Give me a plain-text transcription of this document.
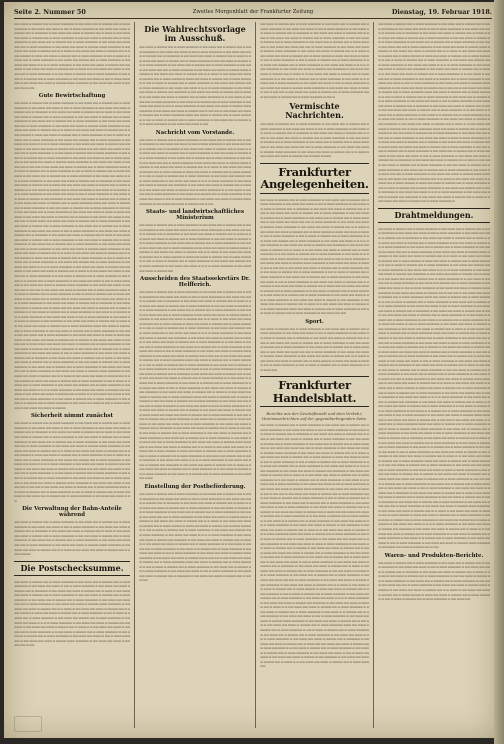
Seite 2. Nummer 50	Zweites Morgenblatt der Frankfurter Zeitung	Dienstag, 19. Februar 1918.
▬▬ ▬▬▬ ▬ ▬▬▬▬ ▬▬ ▬ ▬▬▬ ▬▬▬▬▬ ▬ ▬▬ ▬▬▬ ▬▬ ▬ ▬▬▬▬ ▬▬ ▬ ▬▬▬ ▬▬▬▬▬ ▬ ▬▬ ▬▬▬ ▬▬ ▬▬▬ ▬ ▬▬ ▬ ▬▬▬ ▬▬▬▬▬ ▬ ▬▬ ▬▬▬ ▬▬ ▬▬▬ ▬ ▬▬▬▬ ▬▬ ▬ ▬▬▬▬▬ ▬ ▬▬ ▬▬▬ ▬▬ ▬▬▬ ▬ ▬▬▬▬ ▬▬ ▬ ▬▬▬ ▬ ▬▬ ▬▬▬ ▬▬ ▬▬▬ ▬ ▬▬▬▬ ▬▬ ▬ ▬▬▬ ▬▬▬▬▬ ▬ ▬▬ ▬▬ ▬▬▬ ▬ ▬▬▬▬ ▬▬ ▬ ▬▬▬ ▬▬▬▬▬ ▬ ▬▬ ▬▬▬ ▬▬ ▬ ▬▬▬▬ ▬▬ ▬ ▬▬▬ ▬▬▬▬▬ ▬ ▬▬ ▬▬▬ ▬▬ ▬▬▬ ▬▬ ▬▬ ▬ ▬▬▬ ▬▬▬▬▬ ▬ ▬▬ ▬▬▬ ▬▬ ▬▬▬ ▬ ▬▬▬▬ ▬▬▬ ▬▬▬▬▬ ▬ ▬▬ ▬▬▬ ▬▬ ▬▬▬ ▬ ▬▬▬▬ ▬▬ ▬ ▬ ▬▬▬ ▬ ▬▬ ▬▬▬ ▬▬ ▬▬▬ ▬ ▬▬▬▬ ▬▬ ▬ ▬▬▬ ▬▬▬▬ ▬ ▬▬▬ ▬▬ ▬▬▬ ▬ ▬▬▬▬ ▬▬ ▬ ▬▬▬ ▬▬▬▬▬ ▬ ▬▬ ▬ ▬▬▬ ▬ ▬▬▬▬ ▬▬ ▬ ▬▬▬ ▬▬▬▬▬ ▬ ▬▬ ▬▬▬ ▬▬ ▬▬▬▬ ▬▬ ▬ ▬▬▬ ▬▬▬▬▬ ▬ ▬▬ ▬▬▬ ▬▬ ▬▬▬ ▬ ▬ ▬ ▬ ▬▬▬ ▬▬▬▬▬ ▬ ▬▬ ▬▬▬ ▬▬ ▬▬▬ ▬ ▬▬▬▬ ▬▬ ▬▬▬▬▬ ▬ ▬▬ ▬▬▬ ▬▬ ▬▬▬ ▬ ▬▬▬▬ ▬▬ ▬ ▬▬▬ ▬ ▬ ▬▬ ▬▬▬ ▬▬ ▬▬▬ ▬ ▬▬▬▬ ▬▬ ▬ ▬▬▬ ▬▬▬▬▬ ▬ ▬ ▬▬ ▬▬▬ ▬ ▬▬▬▬ ▬▬ ▬ ▬▬▬ ▬▬▬▬▬ ▬ ▬▬ ▬▬▬ ▬ ▬ ▬▬▬▬ ▬▬ ▬ ▬▬▬ ▬▬▬▬▬ ▬ ▬▬ ▬▬▬ ▬▬ ▬▬▬ ▬ ▬▬ ▬ ▬▬▬ ▬▬▬▬▬ ▬ ▬▬ ▬▬▬ ▬▬ ▬▬▬ ▬ ▬▬▬▬ ▬▬▬ ▬▬▬▬▬ ▬ ▬▬ ▬▬▬ ▬▬ ▬▬▬ ▬ ▬▬▬▬ ▬▬ ▬ ▬▬
Gute Bewirtschaftung
▬▬ ▬▬▬ ▬ ▬▬▬▬ ▬▬ ▬ ▬▬▬ ▬▬▬▬▬ ▬ ▬▬ ▬▬▬ ▬▬ ▬ ▬▬▬▬ ▬▬ ▬ ▬▬▬ ▬▬▬▬▬ ▬ ▬▬ ▬▬▬ ▬▬ ▬▬▬ ▬ ▬▬ ▬ ▬▬▬ ▬▬▬▬▬ ▬ ▬▬ ▬▬▬ ▬▬ ▬▬▬ ▬ ▬▬▬▬ ▬▬ ▬ ▬▬▬▬▬ ▬ ▬▬ ▬▬▬ ▬▬ ▬▬▬ ▬ ▬▬▬▬ ▬▬ ▬ ▬▬▬ ▬ ▬▬ ▬▬▬ ▬▬ ▬▬▬ ▬ ▬▬▬▬ ▬▬ ▬ ▬▬▬ ▬▬▬▬▬ ▬ ▬▬ ▬▬ ▬▬▬ ▬ ▬▬▬▬ ▬▬ ▬ ▬▬▬ ▬▬▬▬▬ ▬ ▬▬ ▬▬▬ ▬▬ ▬ ▬▬▬▬ ▬▬ ▬ ▬▬▬ ▬▬▬▬▬ ▬ ▬▬ ▬▬▬ ▬▬ ▬▬▬ ▬▬ ▬▬ ▬ ▬▬▬ ▬▬▬▬▬ ▬ ▬▬ ▬▬▬ ▬▬ ▬▬▬ ▬ ▬▬▬▬ ▬▬▬ ▬▬▬▬▬ ▬ ▬▬ ▬▬▬ ▬▬ ▬▬▬ ▬ ▬▬▬▬ ▬▬ ▬ ▬ ▬▬▬ ▬ ▬▬ ▬▬▬ ▬▬ ▬▬▬ ▬ ▬▬▬▬ ▬▬ ▬ ▬▬▬ ▬▬▬▬ ▬ ▬▬▬ ▬▬ ▬▬▬ ▬ ▬▬▬▬ ▬▬ ▬ ▬▬▬ ▬▬▬▬▬ ▬ ▬▬ ▬ ▬▬▬ ▬ ▬▬▬▬ ▬▬ ▬ ▬▬▬ ▬▬▬▬▬ ▬ ▬▬ ▬▬▬ ▬▬ ▬▬▬▬ ▬▬ ▬ ▬▬▬ ▬▬▬▬▬ ▬ ▬▬ ▬▬▬ ▬▬ ▬▬▬ ▬ ▬ ▬ ▬ ▬▬▬ ▬▬▬▬▬ ▬ ▬▬ ▬▬▬ ▬▬ ▬▬▬ ▬ ▬▬▬▬ ▬▬ ▬▬▬▬▬ ▬ ▬▬ ▬▬▬ ▬▬ ▬▬▬ ▬ ▬▬▬▬ ▬▬ ▬ ▬▬▬ ▬ ▬ ▬▬ ▬▬▬ ▬▬ ▬▬▬ ▬ ▬▬▬▬ ▬▬ ▬ ▬▬▬ ▬▬▬▬▬ ▬ ▬ ▬▬ ▬▬▬ ▬ ▬▬▬▬ ▬▬ ▬ ▬▬▬ ▬▬▬▬▬ ▬ ▬▬ ▬▬▬ ▬ ▬ ▬▬▬▬ ▬▬ ▬ ▬▬▬ ▬▬▬▬▬ ▬ ▬▬ ▬▬▬ ▬▬ ▬▬▬ ▬ ▬▬ ▬ ▬▬▬ ▬▬▬▬▬ ▬ ▬▬ ▬▬▬ ▬▬ ▬▬▬ ▬ ▬▬▬▬ ▬▬▬ ▬▬▬▬▬ ▬ ▬▬ ▬▬▬ ▬▬ ▬▬▬ ▬ ▬▬▬▬ ▬▬ ▬ ▬▬ ▬▬ ▬ ▬▬ ▬▬▬ ▬▬ ▬▬▬ ▬ ▬▬▬▬ ▬▬ ▬ ▬▬▬ ▬▬▬▬▬ ▬▬▬ ▬▬ ▬▬▬ ▬ ▬▬▬▬ ▬▬ ▬ ▬▬▬ ▬▬▬▬▬ ▬ ▬▬ ▬ ▬▬▬ ▬ ▬▬▬▬ ▬▬ ▬ ▬▬▬ ▬▬▬▬▬ ▬ ▬▬ ▬▬▬ ▬▬ ▬ ▬▬▬▬ ▬▬ ▬ ▬▬▬ ▬▬▬▬▬ ▬ ▬▬ ▬▬▬ ▬▬ ▬▬▬ ▬ ▬▬ ▬ ▬▬▬ ▬▬▬▬▬ ▬ ▬▬ ▬▬▬ ▬▬ ▬▬▬ ▬ ▬▬▬▬ ▬▬ ▬ ▬▬▬▬▬ ▬ ▬▬ ▬▬▬ ▬▬ ▬▬▬ ▬ ▬▬▬▬ ▬▬ ▬ ▬▬▬ ▬▬ ▬▬ ▬▬▬ ▬▬ ▬▬▬ ▬ ▬▬▬▬ ▬▬ ▬ ▬▬▬ ▬▬▬▬▬ ▬ ▬ ▬▬ ▬▬▬ ▬ ▬▬▬▬ ▬▬ ▬ ▬▬▬ ▬▬▬▬▬ ▬ ▬▬ ▬▬▬ ▬ ▬ ▬▬▬▬ ▬▬ ▬ ▬▬▬ ▬▬▬▬▬ ▬ ▬▬ ▬▬▬ ▬▬ ▬▬▬ ▬ ▬▬ ▬ ▬▬▬ ▬▬▬▬▬ ▬ ▬▬ ▬▬▬ ▬▬ ▬▬▬ ▬ ▬▬▬▬ ▬ ▬▬ ▬▬▬▬▬ ▬ ▬▬ ▬▬▬ ▬▬ ▬▬▬ ▬ ▬▬▬▬ ▬▬ ▬ ▬▬▬ ▬ ▬ ▬▬ ▬▬▬ ▬▬ ▬▬▬ ▬ ▬▬▬▬ ▬▬ ▬ ▬▬▬ ▬▬▬▬▬ ▬▬▬ ▬▬ ▬▬▬ ▬ ▬▬▬▬ ▬▬ ▬ ▬▬▬ ▬▬▬▬▬ ▬ ▬▬ ▬▬ ▬▬▬ ▬ ▬▬▬▬ ▬▬ ▬ ▬▬▬ ▬▬▬▬▬ ▬ ▬▬ ▬▬▬ ▬▬ ▬▬ ▬▬▬ ▬▬ ▬ ▬▬▬ ▬▬▬▬▬ ▬ ▬▬ ▬▬▬ ▬▬ ▬▬▬ ▬ ▬▬▬ ▬ ▬▬▬ ▬▬▬▬▬ ▬ ▬▬ ▬▬▬ ▬▬ ▬▬▬ ▬ ▬▬▬▬ ▬▬ ▬ ▬▬▬▬ ▬ ▬▬ ▬▬▬ ▬▬ ▬▬▬ ▬ ▬▬▬▬ ▬▬ ▬ ▬▬▬ ▬▬▬ ▬▬ ▬▬▬ ▬▬ ▬▬▬ ▬ ▬▬▬▬ ▬▬ ▬ ▬▬▬ ▬▬▬▬▬ ▬ ▬▬ ▬▬ ▬▬▬ ▬ ▬▬▬▬ ▬▬ ▬ ▬▬▬ ▬▬▬▬▬ ▬ ▬▬ ▬▬▬ ▬▬ ▬ ▬▬▬▬ ▬▬ ▬ ▬▬▬ ▬▬▬▬▬ ▬ ▬▬ ▬▬▬ ▬▬ ▬▬▬ ▬ ▬▬ ▬ ▬▬▬ ▬▬▬▬▬ ▬ ▬▬ ▬▬▬ ▬▬ ▬▬▬ ▬ ▬▬▬▬ ▬▬ ▬ ▬▬▬▬▬ ▬ ▬▬ ▬▬▬ ▬▬ ▬▬▬ ▬ ▬▬▬▬ ▬▬ ▬ ▬▬▬ ▬ ▬▬ ▬▬▬ ▬▬ ▬▬▬ ▬ ▬▬▬▬ ▬▬ ▬ ▬▬▬ ▬▬▬▬▬ ▬ ▬▬ ▬▬ ▬▬▬ ▬ ▬▬▬▬ ▬▬ ▬ ▬▬▬ ▬▬▬▬▬ ▬ ▬▬ ▬▬▬ ▬▬ ▬ ▬▬▬▬ ▬▬ ▬ ▬▬▬ ▬▬▬▬▬ ▬ ▬▬ ▬▬▬ ▬▬ ▬▬▬ ▬▬ ▬▬ ▬ ▬▬▬ ▬▬▬▬▬ ▬ ▬▬ ▬▬▬ ▬▬ ▬▬▬ ▬ ▬▬▬▬ ▬▬▬ ▬▬▬▬▬ ▬ ▬▬ ▬▬▬ ▬▬ ▬▬▬ ▬ ▬▬▬▬ ▬▬ ▬ ▬ ▬▬▬ ▬ ▬▬ ▬▬▬ ▬▬ ▬▬▬ ▬ ▬▬▬▬ ▬▬ ▬ ▬▬▬ ▬▬▬▬ ▬ ▬▬▬ ▬▬ ▬▬▬ ▬ ▬▬▬▬ ▬▬ ▬ ▬▬▬ ▬▬▬▬▬ ▬ ▬▬ ▬ ▬▬▬ ▬ ▬▬▬▬ ▬▬ ▬ ▬▬▬ ▬▬▬▬▬ ▬ ▬▬ ▬▬▬ ▬▬ ▬▬▬▬ ▬▬ ▬ ▬▬▬ ▬▬▬▬▬ ▬ ▬▬ ▬▬▬ ▬▬ ▬▬▬ ▬ ▬ ▬ ▬ ▬▬▬ ▬▬▬▬▬ ▬ ▬▬ ▬▬▬ ▬▬ ▬▬▬ ▬ ▬▬▬▬ ▬▬ ▬▬▬▬▬ ▬ ▬▬ ▬▬▬ ▬▬ ▬▬▬ ▬ ▬▬▬▬ ▬▬ ▬ ▬▬▬ ▬ ▬ ▬▬ ▬▬▬ ▬▬ ▬▬▬ ▬ ▬▬▬▬ ▬▬ ▬ ▬▬▬ ▬▬▬▬▬ ▬ ▬ ▬▬ ▬▬▬ ▬ ▬▬▬▬ ▬▬ ▬ ▬▬▬ ▬▬▬▬▬ ▬ ▬▬ ▬▬▬ ▬ ▬ ▬▬▬▬ ▬▬ ▬ ▬▬▬ ▬▬▬▬▬ ▬ ▬▬ ▬▬▬ ▬▬ ▬▬▬ ▬ ▬▬ ▬ ▬▬▬ ▬▬▬▬▬ ▬ ▬▬ ▬▬▬ ▬▬ ▬▬▬ ▬ ▬▬▬▬ ▬▬▬ ▬▬▬▬▬ ▬ ▬▬ ▬▬▬ ▬▬ ▬▬▬ ▬ ▬▬▬▬ ▬▬ ▬ ▬▬ ▬▬ ▬ ▬▬ ▬▬▬ ▬▬ ▬▬▬ ▬ ▬▬▬▬ ▬▬ ▬ ▬▬▬ ▬▬▬▬▬ ▬▬▬ ▬▬ ▬▬▬ ▬ ▬▬▬▬ ▬▬ ▬ ▬▬▬ ▬▬▬▬▬ ▬ ▬▬ ▬ ▬▬▬ ▬ ▬▬▬▬ ▬▬ ▬ ▬▬▬ ▬▬▬▬▬ ▬ ▬▬ ▬▬▬ ▬▬ ▬ ▬▬▬▬ ▬▬ ▬ ▬▬▬ ▬▬▬▬▬ ▬ ▬▬ ▬▬▬ ▬▬ ▬▬▬ ▬ ▬▬ ▬ ▬▬▬ ▬▬▬▬▬ ▬ ▬▬ ▬▬▬ ▬▬ ▬▬▬ ▬ ▬▬▬▬ ▬▬ ▬ ▬▬▬▬▬ ▬ ▬▬ ▬▬▬ ▬▬ ▬▬▬ ▬ ▬▬▬▬ ▬▬ ▬ ▬▬▬ ▬▬ ▬▬ ▬▬▬ ▬▬ ▬▬▬ ▬ ▬▬▬▬ ▬▬ ▬ ▬▬▬ ▬▬▬▬▬ ▬ ▬ ▬▬ ▬▬▬ ▬ ▬▬▬▬ ▬▬ ▬ ▬▬▬ ▬▬▬▬▬ ▬ ▬▬ ▬▬▬ ▬ ▬ ▬▬▬▬ ▬▬ ▬ ▬▬▬ ▬▬▬▬▬ ▬ ▬▬ ▬▬▬ ▬▬ ▬▬▬ ▬ ▬▬ ▬ ▬▬▬ ▬▬▬▬▬ ▬ ▬▬ ▬▬▬ ▬▬ ▬▬▬ ▬ ▬▬▬▬ ▬ ▬▬ ▬▬▬▬▬ ▬ ▬▬ ▬▬▬ ▬▬ ▬▬▬ ▬ ▬▬▬▬ ▬▬ ▬ ▬▬▬ ▬ ▬ ▬▬ ▬▬▬ ▬▬ ▬▬▬ ▬ ▬▬▬▬ ▬▬ ▬ ▬▬▬ ▬▬▬▬▬ ▬▬▬ ▬▬ ▬▬▬ ▬ ▬▬▬▬ ▬▬ ▬ ▬▬▬ ▬▬▬▬▬ ▬ ▬▬ ▬▬ ▬▬▬ ▬ ▬▬▬▬ ▬▬ ▬ ▬▬▬ ▬▬▬▬▬ ▬ ▬▬ ▬▬▬ ▬▬ ▬▬ ▬▬▬ ▬▬ ▬ ▬▬▬ ▬▬▬▬▬ ▬ ▬▬ ▬▬▬ ▬▬ ▬▬▬ ▬ ▬▬▬ ▬ ▬▬▬ ▬▬▬▬▬ ▬ ▬▬ ▬▬▬ ▬▬ ▬▬▬ ▬ ▬▬▬▬ ▬▬ ▬ ▬▬▬▬ ▬ ▬▬ ▬▬▬ ▬▬ ▬▬▬ ▬ ▬▬▬▬ ▬▬ ▬ ▬▬▬ ▬▬▬ ▬▬ ▬▬▬ ▬▬ ▬▬▬ ▬ ▬▬▬▬ ▬▬ ▬ ▬▬▬ ▬▬▬▬▬ ▬ ▬▬ ▬▬ ▬▬▬ ▬ ▬▬▬▬ ▬▬ ▬ ▬▬▬ ▬▬▬▬▬ ▬ ▬▬ ▬▬▬ ▬▬ ▬ ▬▬▬▬ ▬▬ ▬ ▬▬▬ ▬▬▬▬▬ ▬ ▬▬ ▬▬▬ ▬▬ ▬▬▬ ▬ ▬▬ ▬ ▬▬▬ ▬▬▬▬▬ ▬ ▬▬ ▬▬▬ ▬▬ ▬▬▬ ▬ ▬▬▬▬ ▬▬ ▬ ▬▬▬▬▬ ▬ ▬▬ ▬▬▬ ▬▬ ▬▬▬ ▬ ▬▬▬▬ ▬▬ ▬ ▬▬▬ ▬ ▬▬ ▬▬▬ ▬▬ ▬▬▬ ▬ ▬▬▬▬ ▬▬ ▬ ▬▬▬ ▬▬▬▬▬ ▬ ▬▬ ▬▬ ▬▬▬ ▬ ▬▬▬▬ ▬▬ ▬ ▬▬▬ ▬▬▬▬▬ ▬ ▬▬ ▬▬▬ ▬▬ ▬ ▬▬▬▬ ▬▬ ▬ ▬▬▬ ▬▬▬▬▬ ▬ ▬▬ ▬▬▬ ▬▬ ▬▬▬ ▬▬ ▬▬ ▬ ▬▬▬ ▬▬▬▬▬ ▬ ▬▬ ▬▬▬ ▬▬ ▬▬▬ ▬ ▬▬▬▬ ▬▬▬ ▬▬▬▬▬ ▬ ▬▬ ▬▬▬ ▬▬ ▬▬▬ ▬ ▬▬▬▬ ▬▬ ▬ ▬ ▬▬▬ ▬ ▬▬ ▬▬▬ ▬▬ ▬▬▬ ▬ ▬▬▬▬ ▬▬ ▬ ▬▬▬ ▬▬▬▬ ▬ ▬▬▬ ▬▬ ▬▬▬ ▬ ▬▬▬▬ ▬▬ ▬ ▬▬▬ ▬▬▬▬▬ ▬ ▬▬ ▬ ▬▬▬ ▬ ▬▬▬▬ ▬▬ ▬ ▬▬▬ ▬▬▬▬▬ ▬ ▬▬ ▬▬▬ ▬▬ ▬▬▬▬ ▬▬ ▬ ▬▬▬ ▬▬▬▬▬ ▬ ▬▬ ▬▬▬ ▬▬ ▬▬▬ ▬ ▬ ▬ ▬ ▬▬▬ ▬▬▬▬▬ ▬ ▬▬ ▬▬▬ ▬▬ ▬▬▬ ▬ ▬▬▬▬ ▬▬ ▬▬▬▬▬ ▬ ▬▬ ▬▬▬ ▬▬ ▬▬▬ ▬ ▬▬▬▬ ▬▬ ▬ ▬▬▬ ▬ ▬ ▬▬ ▬▬▬ ▬▬ ▬▬▬ ▬ ▬▬▬▬ ▬▬ ▬ ▬▬▬ ▬▬▬▬▬ ▬ ▬ ▬▬ ▬▬▬ ▬ ▬▬▬▬ ▬▬ ▬ ▬▬▬ ▬▬▬▬▬ ▬ ▬▬ ▬▬▬ ▬ ▬ ▬▬▬▬ ▬▬ ▬ ▬▬▬ ▬▬▬▬▬ ▬ ▬▬ ▬▬▬ ▬▬ ▬▬▬ ▬ ▬▬ ▬ ▬▬▬ ▬▬▬▬▬ ▬ ▬▬ ▬▬▬ ▬▬ ▬▬▬ ▬ ▬▬▬▬
Sicherheit nimmt zunächst
▬▬ ▬▬▬ ▬ ▬▬▬▬ ▬▬ ▬ ▬▬▬ ▬▬▬▬▬ ▬ ▬▬ ▬▬▬ ▬▬ ▬ ▬▬▬▬ ▬▬ ▬ ▬▬▬ ▬▬▬▬▬ ▬ ▬▬ ▬▬▬ ▬▬ ▬▬▬ ▬ ▬▬ ▬ ▬▬▬ ▬▬▬▬▬ ▬ ▬▬ ▬▬▬ ▬▬ ▬▬▬ ▬ ▬▬▬▬ ▬▬ ▬ ▬▬▬▬▬ ▬ ▬▬ ▬▬▬ ▬▬ ▬▬▬ ▬ ▬▬▬▬ ▬▬ ▬ ▬▬▬ ▬ ▬▬ ▬▬▬ ▬▬ ▬▬▬ ▬ ▬▬▬▬ ▬▬ ▬ ▬▬▬ ▬▬▬▬▬ ▬ ▬▬ ▬▬ ▬▬▬ ▬ ▬▬▬▬ ▬▬ ▬ ▬▬▬ ▬▬▬▬▬ ▬ ▬▬ ▬▬▬ ▬▬ ▬ ▬▬▬▬ ▬▬ ▬ ▬▬▬ ▬▬▬▬▬ ▬ ▬▬ ▬▬▬ ▬▬ ▬▬▬ ▬▬ ▬▬ ▬ ▬▬▬ ▬▬▬▬▬ ▬ ▬▬ ▬▬▬ ▬▬ ▬▬▬ ▬ ▬▬▬▬ ▬▬▬ ▬▬▬▬▬ ▬ ▬▬ ▬▬▬ ▬▬ ▬▬▬ ▬ ▬▬▬▬ ▬▬ ▬ ▬ ▬▬▬ ▬ ▬▬ ▬▬▬ ▬▬ ▬▬▬ ▬ ▬▬▬▬ ▬▬ ▬ ▬▬▬ ▬▬▬▬ ▬ ▬▬▬ ▬▬ ▬▬▬ ▬ ▬▬▬▬ ▬▬ ▬ ▬▬▬ ▬▬▬▬▬ ▬ ▬▬ ▬ ▬▬▬ ▬ ▬▬▬▬ ▬▬ ▬ ▬▬▬ ▬▬▬▬▬ ▬ ▬▬ ▬▬▬ ▬▬ ▬▬▬▬ ▬▬ ▬ ▬▬▬ ▬▬▬▬▬ ▬ ▬▬ ▬▬▬ ▬▬ ▬▬▬ ▬ ▬ ▬ ▬ ▬▬▬ ▬▬▬▬▬ ▬ ▬▬ ▬▬▬ ▬▬ ▬▬▬ ▬ ▬▬▬▬ ▬▬ ▬▬▬▬▬ ▬ ▬▬ ▬▬▬ ▬▬ ▬▬▬ ▬ ▬▬▬▬ ▬▬ ▬ ▬▬▬ ▬ ▬ ▬▬ ▬▬▬ ▬▬ ▬▬▬ ▬ ▬▬▬▬ ▬▬ ▬ ▬▬▬ ▬▬▬▬▬ ▬ ▬ ▬▬ ▬▬▬ ▬ ▬▬▬▬ ▬▬ ▬ ▬▬▬ ▬▬▬▬▬ ▬ ▬▬ ▬▬▬ ▬ ▬ ▬▬▬▬ ▬▬ ▬ ▬▬▬ ▬▬▬▬▬ ▬ ▬▬ ▬▬▬ ▬▬ ▬▬▬ ▬ ▬▬ ▬ ▬▬▬ ▬▬▬▬▬ ▬ ▬▬ ▬▬▬ ▬▬ ▬▬▬ ▬ ▬▬▬▬ ▬▬▬ ▬▬▬▬▬ ▬ ▬▬ ▬▬▬ ▬▬ ▬▬▬ ▬ ▬▬▬▬ ▬▬ ▬ ▬▬ ▬▬ ▬ ▬▬ ▬▬▬ ▬▬ ▬▬▬ ▬ ▬▬▬▬ ▬▬ ▬ ▬▬▬ ▬▬▬▬▬ ▬▬▬ ▬▬ ▬▬▬ ▬ ▬▬▬▬ ▬▬ ▬ ▬▬▬ ▬▬▬▬▬ ▬ ▬▬ ▬ ▬▬▬ ▬ ▬▬▬▬ ▬▬ ▬ ▬▬▬ ▬▬▬▬▬ ▬ ▬▬ ▬▬▬ ▬▬ ▬ ▬▬▬▬ ▬▬ ▬ ▬▬▬ ▬▬▬▬▬ ▬ ▬▬ ▬▬▬ ▬▬ ▬▬▬ ▬ ▬▬
Die Verwaltung der Bahn-Anteile während
▬▬ ▬▬▬ ▬ ▬▬▬▬ ▬▬ ▬ ▬▬▬ ▬▬▬▬▬ ▬ ▬▬ ▬▬▬ ▬▬ ▬ ▬▬▬▬ ▬▬ ▬ ▬▬▬ ▬▬▬▬▬ ▬ ▬▬ ▬▬▬ ▬▬ ▬▬▬ ▬ ▬▬ ▬ ▬▬▬ ▬▬▬▬▬ ▬ ▬▬ ▬▬▬ ▬▬ ▬▬▬ ▬ ▬▬▬▬ ▬▬ ▬ ▬▬▬▬▬ ▬ ▬▬ ▬▬▬ ▬▬ ▬▬▬ ▬ ▬▬▬▬ ▬▬ ▬ ▬▬▬ ▬ ▬▬ ▬▬▬ ▬▬ ▬▬▬ ▬ ▬▬▬▬ ▬▬ ▬ ▬▬▬ ▬▬▬▬▬ ▬ ▬▬ ▬▬ ▬▬▬ ▬ ▬▬▬▬ ▬▬ ▬ ▬▬▬ ▬▬▬▬▬ ▬ ▬▬ ▬▬▬ ▬▬ ▬ ▬▬▬▬ ▬▬ ▬ ▬▬▬ ▬▬▬▬▬ ▬ ▬▬ ▬▬▬ ▬▬ ▬▬▬ ▬▬ ▬▬ ▬ ▬▬▬ ▬▬▬▬▬ ▬ ▬▬ ▬▬▬ ▬▬ ▬▬▬ ▬ ▬▬▬▬ ▬▬▬ ▬▬▬▬▬ ▬ ▬▬ ▬▬▬ ▬▬ ▬▬▬ ▬ ▬▬▬▬ ▬▬ ▬ ▬ ▬▬▬ ▬ ▬▬ ▬▬▬ ▬▬ ▬▬▬ ▬ ▬▬▬▬ ▬▬ ▬ ▬▬▬ ▬▬▬▬
Die Postschecksumme.
▬▬ ▬▬▬ ▬ ▬▬▬▬ ▬▬ ▬ ▬▬▬ ▬▬▬▬▬ ▬ ▬▬ ▬▬▬ ▬▬ ▬ ▬▬▬▬ ▬▬ ▬ ▬▬▬ ▬▬▬▬▬ ▬ ▬▬ ▬▬▬ ▬▬ ▬▬▬ ▬ ▬▬ ▬ ▬▬▬ ▬▬▬▬▬ ▬ ▬▬ ▬▬▬ ▬▬ ▬▬▬ ▬ ▬▬▬▬ ▬▬ ▬ ▬▬▬▬▬ ▬ ▬▬ ▬▬▬ ▬▬ ▬▬▬ ▬ ▬▬▬▬ ▬▬ ▬ ▬▬▬ ▬ ▬▬ ▬▬▬ ▬▬ ▬▬▬ ▬ ▬▬▬▬ ▬▬ ▬ ▬▬▬ ▬▬▬▬▬ ▬ ▬▬ ▬▬ ▬▬▬ ▬ ▬▬▬▬ ▬▬ ▬ ▬▬▬ ▬▬▬▬▬ ▬ ▬▬ ▬▬▬ ▬▬ ▬ ▬▬▬▬ ▬▬ ▬ ▬▬▬ ▬▬▬▬▬ ▬ ▬▬ ▬▬▬ ▬▬ ▬▬▬ ▬▬ ▬▬ ▬ ▬▬▬ ▬▬▬▬▬ ▬ ▬▬ ▬▬▬ ▬▬ ▬▬▬ ▬ ▬▬▬▬ ▬▬▬ ▬▬▬▬▬ ▬ ▬▬ ▬▬▬ ▬▬ ▬▬▬ ▬ ▬▬▬▬ ▬▬ ▬ ▬ ▬▬▬ ▬ ▬▬ ▬▬▬ ▬▬ ▬▬▬ ▬ ▬▬▬▬ ▬▬ ▬ ▬▬▬ ▬▬▬▬ ▬ ▬▬▬ ▬▬ ▬▬▬ ▬ ▬▬▬▬ ▬▬ ▬ ▬▬▬ ▬▬▬▬▬ ▬ ▬▬ ▬ ▬▬▬ ▬ ▬▬▬▬ ▬▬ ▬ ▬▬▬ ▬▬▬▬▬ ▬ ▬▬ ▬▬▬ ▬▬ ▬▬▬▬ ▬▬ ▬ ▬▬▬ ▬▬▬▬▬ ▬ ▬▬ ▬▬▬ ▬▬ ▬▬▬ ▬ ▬ ▬ ▬ ▬▬▬ ▬▬▬▬▬ ▬ ▬▬ ▬▬▬ ▬▬ ▬▬▬ ▬ ▬▬▬▬ ▬▬ ▬▬▬▬▬ ▬ ▬▬ ▬▬▬ ▬▬ ▬▬▬ ▬ ▬▬▬▬ ▬▬ ▬ ▬▬▬ ▬ ▬ ▬▬ ▬▬▬ ▬▬ ▬▬▬ ▬ ▬▬▬▬ ▬▬ ▬ ▬▬▬ ▬▬▬▬▬ ▬ ▬ ▬▬ ▬▬▬ ▬ ▬▬▬▬ ▬▬ ▬ ▬▬▬ ▬▬▬▬▬ ▬ ▬▬ ▬▬▬ ▬ ▬ ▬▬▬▬ ▬▬ ▬ ▬▬▬ ▬▬▬▬▬ ▬ ▬▬ ▬▬▬ ▬▬ ▬▬▬ ▬ ▬▬ ▬ ▬▬▬ ▬▬▬▬▬ ▬ ▬▬ ▬▬▬ ▬▬ ▬▬▬ ▬ ▬▬▬▬ ▬▬▬ ▬▬▬▬▬ ▬ ▬▬ ▬▬▬ ▬▬ ▬▬▬ ▬ ▬▬▬▬ ▬▬ ▬ ▬▬
Die Wahlrechtsvorlage im Ausschuß.
▬▬ ▬▬▬ ▬ ▬▬▬▬ ▬▬ ▬ ▬▬▬ ▬▬▬▬▬ ▬ ▬▬ ▬▬▬ ▬▬ ▬ ▬▬▬▬ ▬▬ ▬ ▬▬▬ ▬▬▬▬▬ ▬ ▬▬ ▬▬▬ ▬▬ ▬▬▬ ▬ ▬▬ ▬ ▬▬▬ ▬▬▬▬▬ ▬ ▬▬ ▬▬▬ ▬▬ ▬▬▬ ▬ ▬▬▬▬ ▬▬ ▬ ▬▬▬▬▬ ▬ ▬▬ ▬▬▬ ▬▬ ▬▬▬ ▬ ▬▬▬▬ ▬▬ ▬ ▬▬▬ ▬ ▬▬ ▬▬▬ ▬▬ ▬▬▬ ▬ ▬▬▬▬ ▬▬ ▬ ▬▬▬ ▬▬▬▬▬ ▬ ▬▬ ▬▬ ▬▬▬ ▬ ▬▬▬▬ ▬▬ ▬ ▬▬▬ ▬▬▬▬▬ ▬ ▬▬ ▬▬▬ ▬▬ ▬ ▬▬▬▬ ▬▬ ▬ ▬▬▬ ▬▬▬▬▬ ▬ ▬▬ ▬▬▬ ▬▬ ▬▬▬ ▬▬ ▬▬ ▬ ▬▬▬ ▬▬▬▬▬ ▬ ▬▬ ▬▬▬ ▬▬ ▬▬▬ ▬ ▬▬▬▬ ▬▬▬ ▬▬▬▬▬ ▬ ▬▬ ▬▬▬ ▬▬ ▬▬▬ ▬ ▬▬▬▬ ▬▬ ▬ ▬ ▬▬▬ ▬ ▬▬ ▬▬▬ ▬▬ ▬▬▬ ▬ ▬▬▬▬ ▬▬ ▬ ▬▬▬ ▬▬▬▬ ▬ ▬▬▬ ▬▬ ▬▬▬ ▬ ▬▬▬▬ ▬▬ ▬ ▬▬▬ ▬▬▬▬▬ ▬ ▬▬ ▬ ▬▬▬ ▬ ▬▬▬▬ ▬▬ ▬ ▬▬▬ ▬▬▬▬▬ ▬ ▬▬ ▬▬▬ ▬▬ ▬▬▬▬ ▬▬ ▬ ▬▬▬ ▬▬▬▬▬ ▬ ▬▬ ▬▬▬ ▬▬ ▬▬▬ ▬ ▬ ▬ ▬ ▬▬▬ ▬▬▬▬▬ ▬ ▬▬ ▬▬▬ ▬▬ ▬▬▬ ▬ ▬▬▬▬ ▬▬ ▬▬▬▬▬ ▬ ▬▬ ▬▬▬ ▬▬ ▬▬▬ ▬ ▬▬▬▬ ▬▬ ▬ ▬▬▬ ▬ ▬ ▬▬ ▬▬▬ ▬▬ ▬▬▬ ▬ ▬▬▬▬ ▬▬ ▬ ▬▬▬ ▬▬▬▬▬ ▬ ▬ ▬▬ ▬▬▬ ▬ ▬▬▬▬ ▬▬ ▬ ▬▬▬ ▬▬▬▬▬ ▬ ▬▬ ▬▬▬ ▬ ▬ ▬▬▬▬ ▬▬ ▬ ▬▬▬ ▬▬▬▬▬ ▬ ▬▬ ▬▬▬ ▬▬ ▬▬▬ ▬ ▬▬ ▬ ▬▬▬ ▬▬▬▬▬ ▬ ▬▬ ▬▬▬ ▬▬ ▬▬▬ ▬ ▬▬▬▬ ▬▬▬ ▬▬▬▬▬ ▬ ▬▬ ▬▬▬ ▬▬ ▬▬▬ ▬ ▬▬▬▬ ▬▬ ▬ ▬▬ ▬▬ ▬ ▬▬ ▬▬▬ ▬▬ ▬▬▬ ▬ ▬▬▬▬ ▬▬ ▬ ▬▬▬ ▬▬▬▬▬ ▬▬▬ ▬▬ ▬▬▬ ▬ ▬▬▬▬ ▬▬ ▬ ▬▬▬ ▬▬▬▬▬ ▬ ▬▬ ▬ ▬▬▬ ▬ ▬▬▬▬ ▬▬ ▬ ▬▬▬ ▬▬▬▬▬ ▬ ▬▬ ▬▬▬ ▬▬ ▬ ▬▬▬▬ ▬▬ ▬ ▬▬▬ ▬▬▬▬▬ ▬ ▬▬ ▬▬▬ ▬▬ ▬▬▬ ▬ ▬▬
Nachricht vom Vorstande.
▬▬ ▬▬▬ ▬ ▬▬▬▬ ▬▬ ▬ ▬▬▬ ▬▬▬▬▬ ▬ ▬▬ ▬▬▬ ▬▬ ▬ ▬▬▬▬ ▬▬ ▬ ▬▬▬ ▬▬▬▬▬ ▬ ▬▬ ▬▬▬ ▬▬ ▬▬▬ ▬ ▬▬ ▬ ▬▬▬ ▬▬▬▬▬ ▬ ▬▬ ▬▬▬ ▬▬ ▬▬▬ ▬ ▬▬▬▬ ▬▬ ▬ ▬▬▬▬▬ ▬ ▬▬ ▬▬▬ ▬▬ ▬▬▬ ▬ ▬▬▬▬ ▬▬ ▬ ▬▬▬ ▬ ▬▬ ▬▬▬ ▬▬ ▬▬▬ ▬ ▬▬▬▬ ▬▬ ▬ ▬▬▬ ▬▬▬▬▬ ▬ ▬▬ ▬▬ ▬▬▬ ▬ ▬▬▬▬ ▬▬ ▬ ▬▬▬ ▬▬▬▬▬ ▬ ▬▬ ▬▬▬ ▬▬ ▬ ▬▬▬▬ ▬▬ ▬ ▬▬▬ ▬▬▬▬▬ ▬ ▬▬ ▬▬▬ ▬▬ ▬▬▬ ▬▬ ▬▬ ▬ ▬▬▬ ▬▬▬▬▬ ▬ ▬▬ ▬▬▬ ▬▬ ▬▬▬ ▬ ▬▬▬▬ ▬▬▬ ▬▬▬▬▬ ▬ ▬▬ ▬▬▬ ▬▬ ▬▬▬ ▬ ▬▬▬▬ ▬▬ ▬ ▬ ▬▬▬ ▬ ▬▬ ▬▬▬ ▬▬ ▬▬▬ ▬ ▬▬▬▬ ▬▬ ▬ ▬▬▬ ▬▬▬▬ ▬ ▬▬▬ ▬▬ ▬▬▬ ▬ ▬▬▬▬ ▬▬ ▬ ▬▬▬ ▬▬▬▬▬ ▬ ▬▬ ▬ ▬▬▬ ▬ ▬▬▬▬ ▬▬ ▬ ▬▬▬ ▬▬▬▬▬ ▬ ▬▬ ▬▬▬ ▬▬ ▬▬▬▬ ▬▬ ▬ ▬▬▬ ▬▬▬▬▬ ▬ ▬▬ ▬▬▬ ▬▬ ▬▬▬ ▬ ▬ ▬ ▬ ▬▬▬ ▬▬▬▬▬ ▬ ▬▬ ▬▬▬ ▬▬ ▬▬▬ ▬ ▬▬▬▬ ▬▬ ▬▬▬▬▬ ▬ ▬▬ ▬▬▬ ▬▬ ▬▬▬ ▬ ▬▬▬▬ ▬▬ ▬ ▬▬▬ ▬ ▬ ▬▬ ▬▬▬ ▬▬ ▬▬▬ ▬ ▬▬▬▬ ▬▬ ▬ ▬▬▬ ▬▬▬▬▬ ▬ ▬ ▬▬ ▬▬▬ ▬ ▬▬▬▬ ▬▬ ▬ ▬▬▬ ▬▬▬▬▬ ▬ ▬▬ ▬▬▬ ▬ ▬ ▬▬▬▬ ▬▬ ▬ ▬▬▬ ▬▬▬▬▬ ▬ ▬▬ ▬▬▬ ▬▬ ▬▬▬ ▬ ▬▬ ▬ ▬▬▬ ▬▬▬▬▬ ▬ ▬▬ ▬▬▬ ▬▬ ▬▬▬ ▬ ▬▬▬▬ ▬▬▬ ▬▬▬▬▬ ▬ ▬▬ ▬▬▬ ▬▬ ▬▬▬ ▬ ▬▬▬▬ ▬▬ ▬ ▬▬
Staats- und landwirtschaftliches Ministerium
▬▬ ▬▬▬ ▬ ▬▬▬▬ ▬▬ ▬ ▬▬▬ ▬▬▬▬▬ ▬ ▬▬ ▬▬▬ ▬▬ ▬ ▬▬▬▬ ▬▬ ▬ ▬▬▬ ▬▬▬▬▬ ▬ ▬▬ ▬▬▬ ▬▬ ▬▬▬ ▬ ▬▬ ▬ ▬▬▬ ▬▬▬▬▬ ▬ ▬▬ ▬▬▬ ▬▬ ▬▬▬ ▬ ▬▬▬▬ ▬▬ ▬ ▬▬▬▬▬ ▬ ▬▬ ▬▬▬ ▬▬ ▬▬▬ ▬ ▬▬▬▬ ▬▬ ▬ ▬▬▬ ▬ ▬▬ ▬▬▬ ▬▬ ▬▬▬ ▬ ▬▬▬▬ ▬▬ ▬ ▬▬▬ ▬▬▬▬▬ ▬ ▬▬ ▬▬ ▬▬▬ ▬ ▬▬▬▬ ▬▬ ▬ ▬▬▬ ▬▬▬▬▬ ▬ ▬▬ ▬▬▬ ▬▬ ▬ ▬▬▬▬ ▬▬ ▬ ▬▬▬ ▬▬▬▬▬ ▬ ▬▬ ▬▬▬ ▬▬ ▬▬▬ ▬▬ ▬▬ ▬ ▬▬▬ ▬▬▬▬▬ ▬ ▬▬ ▬▬▬ ▬▬ ▬▬▬ ▬ ▬▬▬▬ ▬▬▬ ▬▬▬▬▬ ▬ ▬▬ ▬▬▬ ▬▬ ▬▬▬ ▬ ▬▬▬▬ ▬▬ ▬ ▬ ▬▬▬ ▬ ▬▬ ▬▬▬ ▬▬ ▬▬▬ ▬ ▬▬▬▬ ▬▬ ▬ ▬▬▬ ▬▬▬▬ ▬ ▬▬▬ ▬▬ ▬▬▬ ▬ ▬▬▬▬ ▬▬ ▬ ▬▬▬ ▬▬▬▬▬ ▬ ▬▬ ▬ ▬▬▬ ▬ ▬▬▬▬ ▬▬ ▬ ▬▬▬ ▬▬▬▬▬ ▬ ▬▬ ▬▬▬ ▬▬ ▬▬▬▬ ▬▬ ▬ ▬▬▬ ▬▬▬▬▬ ▬ ▬▬ ▬▬▬ ▬▬ ▬▬▬ ▬ ▬ ▬ ▬ ▬▬▬ ▬▬▬▬▬ ▬ ▬▬ ▬▬▬ ▬▬ ▬▬▬ ▬ ▬▬▬▬ ▬▬
Ausscheiden des Staatssekretärs Dr. Helfferich.
▬▬ ▬▬▬ ▬ ▬▬▬▬ ▬▬ ▬ ▬▬▬ ▬▬▬▬▬ ▬ ▬▬ ▬▬▬ ▬▬ ▬ ▬▬▬▬ ▬▬ ▬ ▬▬▬ ▬▬▬▬▬ ▬ ▬▬ ▬▬▬ ▬▬ ▬▬▬ ▬ ▬▬ ▬ ▬▬▬ ▬▬▬▬▬ ▬ ▬▬ ▬▬▬ ▬▬ ▬▬▬ ▬ ▬▬▬▬ ▬▬ ▬ ▬▬▬▬▬ ▬ ▬▬ ▬▬▬ ▬▬ ▬▬▬ ▬ ▬▬▬▬ ▬▬ ▬ ▬▬▬ ▬ ▬▬ ▬▬▬ ▬▬ ▬▬▬ ▬ ▬▬▬▬ ▬▬ ▬ ▬▬▬ ▬▬▬▬▬ ▬ ▬▬ ▬▬ ▬▬▬ ▬ ▬▬▬▬ ▬▬ ▬ ▬▬▬ ▬▬▬▬▬ ▬ ▬▬ ▬▬▬ ▬▬ ▬ ▬▬▬▬ ▬▬ ▬ ▬▬▬ ▬▬▬▬▬ ▬ ▬▬ ▬▬▬ ▬▬ ▬▬▬ ▬▬ ▬▬ ▬ ▬▬▬ ▬▬▬▬▬ ▬ ▬▬ ▬▬▬ ▬▬ ▬▬▬ ▬ ▬▬▬▬ ▬▬▬ ▬▬▬▬▬ ▬ ▬▬ ▬▬▬ ▬▬ ▬▬▬ ▬ ▬▬▬▬ ▬▬ ▬ ▬ ▬▬▬ ▬ ▬▬ ▬▬▬ ▬▬ ▬▬▬ ▬ ▬▬▬▬ ▬▬ ▬ ▬▬▬ ▬▬▬▬ ▬ ▬▬▬ ▬▬ ▬▬▬ ▬ ▬▬▬▬ ▬▬ ▬ ▬▬▬ ▬▬▬▬▬ ▬ ▬▬ ▬ ▬▬▬ ▬ ▬▬▬▬ ▬▬ ▬ ▬▬▬ ▬▬▬▬▬ ▬ ▬▬ ▬▬▬ ▬▬ ▬▬▬▬ ▬▬ ▬ ▬▬▬ ▬▬▬▬▬ ▬ ▬▬ ▬▬▬ ▬▬ ▬▬▬ ▬ ▬ ▬ ▬ ▬▬▬ ▬▬▬▬▬ ▬ ▬▬ ▬▬▬ ▬▬ ▬▬▬ ▬ ▬▬▬▬ ▬▬ ▬▬▬▬▬ ▬ ▬▬ ▬▬▬ ▬▬ ▬▬▬ ▬ ▬▬▬▬ ▬▬ ▬ ▬▬▬ ▬ ▬ ▬▬ ▬▬▬ ▬▬ ▬▬▬ ▬ ▬▬▬▬ ▬▬ ▬ ▬▬▬ ▬▬▬▬▬ ▬ ▬ ▬▬ ▬▬▬ ▬ ▬▬▬▬ ▬▬ ▬ ▬▬▬ ▬▬▬▬▬ ▬ ▬▬ ▬▬▬ ▬ ▬ ▬▬▬▬ ▬▬ ▬ ▬▬▬ ▬▬▬▬▬ ▬ ▬▬ ▬▬▬ ▬▬ ▬▬▬ ▬ ▬▬ ▬ ▬▬▬ ▬▬▬▬▬ ▬ ▬▬ ▬▬▬ ▬▬ ▬▬▬ ▬ ▬▬▬▬ ▬▬▬ ▬▬▬▬▬ ▬ ▬▬ ▬▬▬ ▬▬ ▬▬▬ ▬ ▬▬▬▬ ▬▬ ▬ ▬▬ ▬▬ ▬ ▬▬ ▬▬▬ ▬▬ ▬▬▬ ▬ ▬▬▬▬ ▬▬ ▬ ▬▬▬ ▬▬▬▬▬ ▬▬▬ ▬▬ ▬▬▬ ▬ ▬▬▬▬ ▬▬ ▬ ▬▬▬ ▬▬▬▬▬ ▬ ▬▬ ▬ ▬▬▬ ▬ ▬▬▬▬ ▬▬ ▬ ▬▬▬ ▬▬▬▬▬ ▬ ▬▬ ▬▬▬ ▬▬ ▬ ▬▬▬▬ ▬▬ ▬ ▬▬▬ ▬▬▬▬▬ ▬ ▬▬ ▬▬▬ ▬▬ ▬▬▬ ▬ ▬▬ ▬ ▬▬▬ ▬▬▬▬▬ ▬ ▬▬ ▬▬▬ ▬▬ ▬▬▬ ▬ ▬▬▬▬ ▬▬ ▬ ▬▬▬▬▬ ▬ ▬▬ ▬▬▬ ▬▬ ▬▬▬ ▬ ▬▬▬▬ ▬▬ ▬ ▬▬▬ ▬▬ ▬▬ ▬▬▬ ▬▬ ▬▬▬ ▬ ▬▬▬▬ ▬▬ ▬ ▬▬▬ ▬▬▬▬▬ ▬ ▬ ▬▬ ▬▬▬ ▬ ▬▬▬▬ ▬▬ ▬ ▬▬▬ ▬▬▬▬▬ ▬ ▬▬ ▬▬▬ ▬ ▬ ▬▬▬▬ ▬▬ ▬ ▬▬▬ ▬▬▬▬▬ ▬ ▬▬ ▬▬▬ ▬▬ ▬▬▬ ▬ ▬▬ ▬ ▬▬▬ ▬▬▬▬▬ ▬ ▬▬ ▬▬▬ ▬▬ ▬▬▬ ▬ ▬▬▬▬ ▬ ▬▬ ▬▬▬▬▬ ▬ ▬▬ ▬▬▬ ▬▬ ▬▬▬ ▬ ▬▬▬▬ ▬▬ ▬ ▬▬▬ ▬ ▬ ▬▬ ▬▬▬ ▬▬ ▬▬▬ ▬ ▬▬▬▬ ▬▬ ▬ ▬▬▬ ▬▬▬▬▬ ▬▬▬ ▬▬ ▬▬▬ ▬ ▬▬▬▬ ▬▬ ▬ ▬▬▬ ▬▬▬▬▬ ▬ ▬▬ ▬▬ ▬▬▬ ▬ ▬▬▬▬ ▬▬ ▬ ▬▬▬ ▬▬▬▬▬ ▬ ▬▬ ▬▬▬ ▬▬ ▬▬ ▬▬▬ ▬▬ ▬ ▬▬▬ ▬▬▬▬▬ ▬ ▬▬ ▬▬▬ ▬▬ ▬▬▬ ▬ ▬▬▬ ▬ ▬▬▬ ▬▬▬▬▬ ▬ ▬▬ ▬▬▬ ▬▬ ▬▬▬ ▬ ▬▬▬▬ ▬▬ ▬ ▬▬▬▬ ▬ ▬▬ ▬▬▬ ▬▬ ▬▬▬ ▬ ▬▬▬▬ ▬▬ ▬ ▬▬▬ ▬▬▬ ▬▬ ▬▬▬ ▬▬ ▬▬▬ ▬ ▬▬▬▬ ▬▬ ▬ ▬▬▬ ▬▬▬▬▬ ▬ ▬▬ ▬▬ ▬▬▬ ▬ ▬▬▬▬ ▬▬ ▬ ▬▬▬ ▬▬▬▬▬ ▬ ▬▬ ▬▬▬ ▬▬ ▬ ▬▬▬▬ ▬▬ ▬ ▬▬▬ ▬▬▬▬▬ ▬ ▬▬ ▬▬▬ ▬▬ ▬▬▬ ▬ ▬▬ ▬ ▬▬▬ ▬▬▬▬▬ ▬ ▬▬ ▬▬▬ ▬▬ ▬▬▬ ▬ ▬▬▬▬ ▬▬ ▬ ▬▬▬▬▬ ▬ ▬▬ ▬▬▬ ▬▬ ▬▬▬ ▬ ▬▬▬▬ ▬▬ ▬ ▬▬▬ ▬ ▬▬ ▬▬▬ ▬▬ ▬▬▬ ▬ ▬▬▬▬ ▬▬ ▬ ▬▬▬ ▬▬▬▬▬ ▬ ▬▬ ▬▬ ▬▬▬ ▬ ▬▬▬▬ ▬▬ ▬ ▬▬▬ ▬▬▬▬▬ ▬ ▬▬ ▬▬▬ ▬▬ ▬ ▬▬▬▬ ▬▬ ▬ ▬▬▬ ▬▬▬▬▬ ▬ ▬▬ ▬▬▬ ▬▬ ▬▬▬ ▬▬ ▬▬ ▬ ▬▬▬ ▬▬▬▬▬ ▬ ▬▬ ▬▬▬ ▬▬ ▬▬▬ ▬ ▬▬▬▬ ▬▬▬ ▬▬▬▬▬ ▬ ▬▬ ▬▬▬ ▬▬ ▬▬▬ ▬ ▬▬▬▬ ▬▬ ▬ ▬ ▬▬▬ ▬ ▬▬ ▬▬▬ ▬▬ ▬▬▬ ▬ ▬▬▬▬ ▬▬ ▬ ▬▬▬ ▬▬▬▬ ▬ ▬▬▬ ▬▬ ▬▬▬ ▬ ▬▬▬▬ ▬▬ ▬ ▬▬▬ ▬▬▬▬▬ ▬ ▬▬ ▬ ▬▬▬ ▬ ▬▬▬▬ ▬▬ ▬ ▬▬▬ ▬▬▬▬▬ ▬ ▬▬ ▬▬▬ ▬▬ ▬▬▬▬ ▬▬ ▬ ▬▬▬ ▬▬▬▬▬ ▬ ▬▬ ▬▬▬ ▬▬ ▬▬▬ ▬ ▬ ▬ ▬ ▬▬▬ ▬▬▬▬▬ ▬ ▬▬ ▬▬▬ ▬▬ ▬▬▬ ▬ ▬▬▬▬ ▬▬ ▬▬▬▬▬ ▬ ▬▬ ▬▬▬ ▬▬ ▬▬▬ ▬ ▬▬▬▬ ▬▬ ▬ ▬▬▬ ▬ ▬ ▬▬ ▬▬▬ ▬▬ ▬▬▬ ▬ ▬▬▬▬ ▬▬ ▬ ▬▬▬ ▬▬▬▬▬ ▬ ▬ ▬▬ ▬▬▬ ▬ ▬▬▬▬ ▬▬ ▬ ▬▬▬ ▬▬▬▬▬ ▬ ▬▬ ▬▬▬ ▬ ▬ ▬▬▬▬ ▬▬ ▬ ▬▬▬ ▬▬▬▬▬ ▬ ▬▬ ▬▬▬ ▬▬ ▬▬▬
Einstellung der Postbeförderung.
▬▬ ▬▬▬ ▬ ▬▬▬▬ ▬▬ ▬ ▬▬▬ ▬▬▬▬▬ ▬ ▬▬ ▬▬▬ ▬▬ ▬ ▬▬▬▬ ▬▬ ▬ ▬▬▬ ▬▬▬▬▬ ▬ ▬▬ ▬▬▬ ▬▬ ▬▬▬ ▬ ▬▬ ▬ ▬▬▬ ▬▬▬▬▬ ▬ ▬▬ ▬▬▬ ▬▬ ▬▬▬ ▬ ▬▬▬▬ ▬▬ ▬ ▬▬▬▬▬ ▬ ▬▬ ▬▬▬ ▬▬ ▬▬▬ ▬ ▬▬▬▬ ▬▬ ▬ ▬▬▬ ▬ ▬▬ ▬▬▬ ▬▬ ▬▬▬ ▬ ▬▬▬▬ ▬▬ ▬ ▬▬▬ ▬▬▬▬▬ ▬ ▬▬ ▬▬ ▬▬▬ ▬ ▬▬▬▬ ▬▬ ▬ ▬▬▬ ▬▬▬▬▬ ▬ ▬▬ ▬▬▬ ▬▬ ▬ ▬▬▬▬ ▬▬ ▬ ▬▬▬ ▬▬▬▬▬ ▬ ▬▬ ▬▬▬ ▬▬ ▬▬▬ ▬▬ ▬▬ ▬ ▬▬▬ ▬▬▬▬▬ ▬ ▬▬ ▬▬▬ ▬▬ ▬▬▬ ▬ ▬▬▬▬ ▬▬▬ ▬▬▬▬▬ ▬ ▬▬ ▬▬▬ ▬▬ ▬▬▬ ▬ ▬▬▬▬ ▬▬ ▬ ▬ ▬▬▬ ▬ ▬▬ ▬▬▬ ▬▬ ▬▬▬ ▬ ▬▬▬▬ ▬▬ ▬ ▬▬▬ ▬▬▬▬ ▬ ▬▬▬ ▬▬ ▬▬▬ ▬ ▬▬▬▬ ▬▬ ▬ ▬▬▬ ▬▬▬▬▬ ▬ ▬▬ ▬ ▬▬▬ ▬ ▬▬▬▬ ▬▬ ▬ ▬▬▬ ▬▬▬▬▬ ▬ ▬▬ ▬▬▬ ▬▬ ▬▬▬▬ ▬▬ ▬ ▬▬▬ ▬▬▬▬▬ ▬ ▬▬ ▬▬▬ ▬▬ ▬▬▬ ▬ ▬ ▬ ▬ ▬▬▬ ▬▬▬▬▬ ▬ ▬▬ ▬▬▬ ▬▬ ▬▬▬ ▬ ▬▬▬▬ ▬▬ ▬▬▬▬▬ ▬ ▬▬ ▬▬▬ ▬▬ ▬▬▬ ▬ ▬▬▬▬ ▬▬ ▬ ▬▬▬ ▬ ▬ ▬▬ ▬▬▬ ▬▬ ▬▬▬ ▬ ▬▬▬▬ ▬▬ ▬ ▬▬▬ ▬▬▬▬▬ ▬ ▬ ▬▬ ▬▬▬ ▬ ▬▬▬▬ ▬▬ ▬ ▬▬▬ ▬▬▬▬▬ ▬ ▬▬ ▬▬▬ ▬ ▬ ▬▬▬▬ ▬▬ ▬ ▬▬▬ ▬▬▬▬▬ ▬ ▬▬ ▬▬▬ ▬▬ ▬▬▬ ▬ ▬▬ ▬ ▬▬▬ ▬▬▬▬▬ ▬ ▬▬ ▬▬▬ ▬▬ ▬▬▬ ▬ ▬▬▬▬ ▬▬▬ ▬▬▬▬▬ ▬ ▬▬ ▬▬▬ ▬▬ ▬▬▬ ▬ ▬▬▬▬ ▬▬ ▬ ▬▬ ▬▬ ▬ ▬▬ ▬▬▬ ▬▬ ▬▬▬ ▬ ▬▬▬▬ ▬▬ ▬ ▬▬▬ ▬▬▬▬▬ ▬▬▬ ▬▬ ▬▬▬ ▬ ▬▬▬▬ ▬▬ ▬ ▬▬▬ ▬▬▬▬▬ ▬ ▬▬ ▬ ▬▬▬ ▬ ▬▬▬▬ ▬▬ ▬ ▬▬▬ ▬▬▬▬▬ ▬ ▬▬ ▬▬▬ ▬▬ ▬ ▬▬▬▬ ▬▬ ▬ ▬▬▬ ▬▬▬▬▬ ▬ ▬▬ ▬▬▬ ▬▬ ▬▬▬ ▬ ▬▬ ▬ ▬▬▬ ▬▬▬▬▬ ▬ ▬▬ ▬▬▬ ▬▬ ▬▬▬ ▬ ▬▬▬▬ ▬▬ ▬ ▬▬▬▬▬ ▬ ▬▬ ▬▬▬ ▬▬ ▬▬▬ ▬ ▬▬▬▬ ▬▬ ▬ ▬▬▬ ▬▬
▬▬ ▬▬▬ ▬ ▬▬▬▬ ▬▬ ▬ ▬▬▬ ▬▬▬▬▬ ▬ ▬▬ ▬▬▬ ▬▬ ▬ ▬▬▬▬ ▬▬ ▬ ▬▬▬ ▬▬▬▬▬ ▬ ▬▬ ▬▬▬ ▬▬ ▬▬▬ ▬ ▬▬ ▬ ▬▬▬ ▬▬▬▬▬ ▬ ▬▬ ▬▬▬ ▬▬ ▬▬▬ ▬ ▬▬▬▬ ▬▬ ▬ ▬▬▬▬▬ ▬ ▬▬ ▬▬▬ ▬▬ ▬▬▬ ▬ ▬▬▬▬ ▬▬ ▬ ▬▬▬ ▬ ▬▬ ▬▬▬ ▬▬ ▬▬▬ ▬ ▬▬▬▬ ▬▬ ▬ ▬▬▬ ▬▬▬▬▬ ▬ ▬▬ ▬▬ ▬▬▬ ▬ ▬▬▬▬ ▬▬ ▬ ▬▬▬ ▬▬▬▬▬ ▬ ▬▬ ▬▬▬ ▬▬ ▬ ▬▬▬▬ ▬▬ ▬ ▬▬▬ ▬▬▬▬▬ ▬ ▬▬ ▬▬▬ ▬▬ ▬▬▬ ▬▬ ▬▬ ▬ ▬▬▬ ▬▬▬▬▬ ▬ ▬▬ ▬▬▬ ▬▬ ▬▬▬ ▬ ▬▬▬▬ ▬▬▬ ▬▬▬▬▬ ▬ ▬▬ ▬▬▬ ▬▬ ▬▬▬ ▬ ▬▬▬▬ ▬▬ ▬ ▬ ▬▬▬ ▬ ▬▬ ▬▬▬ ▬▬ ▬▬▬ ▬ ▬▬▬▬ ▬▬ ▬ ▬▬▬ ▬▬▬▬ ▬ ▬▬▬ ▬▬ ▬▬▬ ▬ ▬▬▬▬ ▬▬ ▬ ▬▬▬ ▬▬▬▬▬ ▬ ▬▬ ▬ ▬▬▬ ▬ ▬▬▬▬ ▬▬ ▬ ▬▬▬ ▬▬▬▬▬ ▬ ▬▬ ▬▬▬ ▬▬ ▬▬▬▬ ▬▬ ▬ ▬▬▬ ▬▬▬▬▬ ▬ ▬▬ ▬▬▬ ▬▬ ▬▬▬ ▬ ▬ ▬ ▬ ▬▬▬ ▬▬▬▬▬ ▬ ▬▬ ▬▬▬ ▬▬ ▬▬▬ ▬ ▬▬▬▬ ▬▬ ▬▬▬▬▬ ▬ ▬▬ ▬▬▬ ▬▬ ▬▬▬ ▬ ▬▬▬▬ ▬▬ ▬ ▬▬▬ ▬ ▬ ▬▬ ▬▬▬ ▬▬ ▬▬▬ ▬ ▬▬▬▬ ▬▬ ▬ ▬▬▬ ▬▬▬▬▬ ▬ ▬ ▬▬ ▬▬▬ ▬ ▬▬▬▬ ▬▬ ▬ ▬▬▬ ▬▬▬▬▬ ▬ ▬▬ ▬▬▬ ▬ ▬ ▬▬▬▬ ▬▬ ▬ ▬▬▬ ▬▬▬▬▬ ▬ ▬▬ ▬▬▬ ▬▬ ▬▬▬ ▬ ▬▬ ▬ ▬▬▬ ▬▬▬▬▬ ▬ ▬▬ ▬▬▬ ▬▬ ▬▬▬ ▬ ▬▬▬▬ ▬▬▬ ▬▬▬▬▬ ▬ ▬▬ ▬▬▬ ▬▬ ▬▬▬ ▬ ▬▬▬▬ ▬▬ ▬ ▬▬ ▬▬ ▬ ▬▬ ▬▬▬ ▬▬ ▬▬▬ ▬ ▬▬▬▬ ▬▬ ▬ ▬▬▬ ▬▬▬▬▬ ▬▬▬ ▬▬ ▬▬▬ ▬ ▬▬▬▬ ▬▬ ▬ ▬▬▬ ▬▬▬▬▬ ▬ ▬▬ ▬
Vermischte Nachrichten.
▬▬ ▬▬▬ ▬ ▬▬▬▬ ▬▬ ▬ ▬▬▬ ▬▬▬▬▬ ▬ ▬▬ ▬▬▬ ▬▬ ▬ ▬▬▬▬ ▬▬ ▬ ▬▬▬ ▬▬▬▬▬ ▬ ▬▬ ▬▬▬ ▬▬ ▬▬▬ ▬ ▬▬ ▬ ▬▬▬ ▬▬▬▬▬ ▬ ▬▬ ▬▬▬ ▬▬ ▬▬▬ ▬ ▬▬▬▬ ▬▬ ▬ ▬▬▬▬▬ ▬ ▬▬ ▬▬▬ ▬▬ ▬▬▬ ▬ ▬▬▬▬ ▬▬ ▬ ▬▬▬ ▬ ▬▬ ▬▬▬ ▬▬ ▬▬▬ ▬ ▬▬▬▬ ▬▬ ▬ ▬▬▬ ▬▬▬▬▬ ▬ ▬▬ ▬▬ ▬▬▬ ▬ ▬▬▬▬ ▬▬ ▬ ▬▬▬ ▬▬▬▬▬ ▬ ▬▬ ▬▬▬ ▬▬ ▬ ▬▬▬▬ ▬▬ ▬ ▬▬▬ ▬▬▬▬▬ ▬ ▬▬ ▬▬▬ ▬▬ ▬▬▬ ▬▬ ▬▬ ▬ ▬▬▬ ▬▬▬▬▬ ▬ ▬▬ ▬▬▬ ▬▬ ▬▬▬ ▬ ▬▬▬▬ ▬▬▬ ▬▬▬▬▬ ▬ ▬▬ ▬▬▬ ▬▬ ▬▬▬ ▬ ▬▬▬▬ ▬▬ ▬ ▬ ▬▬▬ ▬ ▬▬ ▬▬▬ ▬▬ ▬▬▬ ▬ ▬▬▬▬ ▬▬ ▬ ▬▬▬ ▬▬▬▬
Frankfurter Angelegenheiten.
▬▬ ▬▬▬ ▬ ▬▬▬▬ ▬▬ ▬ ▬▬▬ ▬▬▬▬▬ ▬ ▬▬ ▬▬▬ ▬▬ ▬ ▬▬▬▬ ▬▬ ▬ ▬▬▬ ▬▬▬▬▬ ▬ ▬▬ ▬▬▬ ▬▬ ▬▬▬ ▬ ▬▬ ▬ ▬▬▬ ▬▬▬▬▬ ▬ ▬▬ ▬▬▬ ▬▬ ▬▬▬ ▬ ▬▬▬▬ ▬▬ ▬ ▬▬▬▬▬ ▬ ▬▬ ▬▬▬ ▬▬ ▬▬▬ ▬ ▬▬▬▬ ▬▬ ▬ ▬▬▬ ▬ ▬▬ ▬▬▬ ▬▬ ▬▬▬ ▬ ▬▬▬▬ ▬▬ ▬ ▬▬▬ ▬▬▬▬▬ ▬ ▬▬ ▬▬ ▬▬▬ ▬ ▬▬▬▬ ▬▬ ▬ ▬▬▬ ▬▬▬▬▬ ▬ ▬▬ ▬▬▬ ▬▬ ▬ ▬▬▬▬ ▬▬ ▬ ▬▬▬ ▬▬▬▬▬ ▬ ▬▬ ▬▬▬ ▬▬ ▬▬▬ ▬▬ ▬▬ ▬ ▬▬▬ ▬▬▬▬▬ ▬ ▬▬ ▬▬▬ ▬▬ ▬▬▬ ▬ ▬▬▬▬ ▬▬▬ ▬▬▬▬▬ ▬ ▬▬ ▬▬▬ ▬▬ ▬▬▬ ▬ ▬▬▬▬ ▬▬ ▬ ▬ ▬▬▬ ▬ ▬▬ ▬▬▬ ▬▬ ▬▬▬ ▬ ▬▬▬▬ ▬▬ ▬ ▬▬▬ ▬▬▬▬ ▬ ▬▬▬ ▬▬ ▬▬▬ ▬ ▬▬▬▬ ▬▬ ▬ ▬▬▬ ▬▬▬▬▬ ▬ ▬▬ ▬ ▬▬▬ ▬ ▬▬▬▬ ▬▬ ▬ ▬▬▬ ▬▬▬▬▬ ▬ ▬▬ ▬▬▬ ▬▬ ▬▬▬▬ ▬▬ ▬ ▬▬▬ ▬▬▬▬▬ ▬ ▬▬ ▬▬▬ ▬▬ ▬▬▬ ▬ ▬ ▬ ▬ ▬▬▬ ▬▬▬▬▬ ▬ ▬▬ ▬▬▬ ▬▬ ▬▬▬ ▬ ▬▬▬▬ ▬▬ ▬▬▬▬▬ ▬ ▬▬ ▬▬▬ ▬▬ ▬▬▬ ▬ ▬▬▬▬ ▬▬ ▬ ▬▬▬ ▬ ▬ ▬▬ ▬▬▬ ▬▬ ▬▬▬ ▬ ▬▬▬▬ ▬▬ ▬ ▬▬▬ ▬▬▬▬▬ ▬ ▬ ▬▬ ▬▬▬ ▬ ▬▬▬▬ ▬▬ ▬ ▬▬▬ ▬▬▬▬▬ ▬ ▬▬ ▬▬▬ ▬ ▬ ▬▬▬▬ ▬▬ ▬ ▬▬▬ ▬▬▬▬▬ ▬ ▬▬ ▬▬▬ ▬▬ ▬▬▬ ▬ ▬▬ ▬ ▬▬▬ ▬▬▬▬▬ ▬ ▬▬ ▬▬▬ ▬▬ ▬▬▬ ▬ ▬▬▬▬ ▬▬▬ ▬▬▬▬▬ ▬ ▬▬ ▬▬▬ ▬▬ ▬▬▬ ▬ ▬▬▬▬ ▬▬ ▬ ▬▬ ▬▬ ▬ ▬▬ ▬▬▬ ▬▬ ▬▬▬ ▬ ▬▬▬▬ ▬▬ ▬ ▬▬▬ ▬▬▬▬▬ ▬▬▬ ▬▬ ▬▬▬ ▬ ▬▬▬▬ ▬▬ ▬ ▬▬▬ ▬▬▬▬▬ ▬ ▬▬ ▬ ▬▬▬ ▬ ▬▬▬▬ ▬▬ ▬ ▬▬▬ ▬▬▬▬▬ ▬ ▬▬ ▬▬▬ ▬▬ ▬ ▬▬▬▬ ▬▬ ▬ ▬▬▬ ▬▬▬▬▬ ▬ ▬▬ ▬▬▬ ▬▬ ▬▬▬ ▬ ▬▬ ▬ ▬▬▬ ▬▬▬▬▬ ▬ ▬▬ ▬▬▬ ▬▬ ▬▬▬ ▬ ▬▬▬▬ ▬▬ ▬ ▬▬▬▬▬ ▬ ▬▬ ▬▬▬ ▬▬ ▬▬▬ ▬ ▬▬▬▬ ▬▬ ▬ ▬▬▬ ▬▬ ▬▬ ▬▬▬ ▬▬ ▬▬▬ ▬ ▬▬▬▬ ▬▬ ▬ ▬▬▬ ▬▬▬▬▬ ▬ ▬ ▬▬ ▬▬▬ ▬ ▬▬▬▬ ▬▬ ▬ ▬▬▬ ▬▬▬▬▬ ▬ ▬▬ ▬▬▬ ▬ ▬ ▬▬▬▬ ▬▬ ▬ ▬▬▬ ▬▬▬▬▬ ▬ ▬▬ ▬▬▬ ▬▬ ▬▬▬ ▬ ▬▬ ▬ ▬▬▬ ▬▬▬▬▬ ▬ ▬▬ ▬▬▬ ▬▬ ▬▬▬ ▬ ▬▬▬▬ ▬ ▬▬ ▬▬▬▬▬ ▬ ▬▬ ▬▬▬ ▬▬ ▬▬▬ ▬ ▬▬▬▬ ▬▬ ▬ ▬▬▬ ▬ ▬ ▬▬ ▬▬▬ ▬▬ ▬▬▬ ▬ ▬▬▬▬ ▬▬ ▬ ▬▬▬ ▬▬▬▬▬ ▬▬▬ ▬▬ ▬▬▬ ▬ ▬▬▬▬ ▬▬ ▬ ▬▬▬ ▬▬▬▬▬ ▬ ▬▬ ▬▬ ▬▬▬ ▬ ▬▬▬▬ ▬▬ ▬ ▬▬▬ ▬▬▬▬▬ ▬ ▬▬ ▬▬▬ ▬▬ ▬▬
Sport.
▬▬ ▬▬▬ ▬ ▬▬▬▬ ▬▬ ▬ ▬▬▬ ▬▬▬▬▬ ▬ ▬▬ ▬▬▬ ▬▬ ▬ ▬▬▬▬ ▬▬ ▬ ▬▬▬ ▬▬▬▬▬ ▬ ▬▬ ▬▬▬ ▬▬ ▬▬▬ ▬ ▬▬ ▬ ▬▬▬ ▬▬▬▬▬ ▬ ▬▬ ▬▬▬ ▬▬ ▬▬▬ ▬ ▬▬▬▬ ▬▬ ▬ ▬▬▬▬▬ ▬ ▬▬ ▬▬▬ ▬▬ ▬▬▬ ▬ ▬▬▬▬ ▬▬ ▬ ▬▬▬ ▬ ▬▬ ▬▬▬ ▬▬ ▬▬▬ ▬ ▬▬▬▬ ▬▬ ▬ ▬▬▬ ▬▬▬▬▬ ▬ ▬▬ ▬▬ ▬▬▬ ▬ ▬▬▬▬ ▬▬ ▬ ▬▬▬ ▬▬▬▬▬ ▬ ▬▬ ▬▬▬ ▬▬ ▬ ▬▬▬▬ ▬▬ ▬ ▬▬▬ ▬▬▬▬▬ ▬ ▬▬ ▬▬▬ ▬▬ ▬▬▬ ▬▬ ▬▬ ▬ ▬▬▬ ▬▬▬▬▬ ▬ ▬▬ ▬▬▬ ▬▬ ▬▬▬ ▬ ▬▬▬▬ ▬▬▬ ▬▬▬▬▬ ▬ ▬▬ ▬▬▬ ▬▬ ▬▬▬ ▬ ▬▬▬▬ ▬▬ ▬ ▬ ▬▬▬ ▬ ▬▬ ▬▬▬ ▬▬ ▬▬▬ ▬ ▬▬▬▬ ▬▬ ▬ ▬▬▬ ▬▬▬▬ ▬ ▬▬▬ ▬▬ ▬▬▬ ▬ ▬▬▬▬ ▬▬ ▬ ▬▬▬ ▬▬▬▬▬ ▬ ▬▬ ▬ ▬▬▬ ▬ ▬▬▬▬ ▬▬ ▬ ▬▬▬ ▬▬▬▬▬ ▬ ▬▬ ▬▬▬ ▬▬
Frankfurter Handelsblatt.
Berichte aus der Geschäftswelt und dem Verkehr; Vereinsnachrichten auf der gegenüberliegenden Seite.
▬▬ ▬▬▬ ▬ ▬▬▬▬ ▬▬ ▬ ▬▬▬ ▬▬▬▬▬ ▬ ▬▬ ▬▬▬ ▬▬ ▬ ▬▬▬▬ ▬▬ ▬ ▬▬▬ ▬▬▬▬▬ ▬ ▬▬ ▬▬▬ ▬▬ ▬▬▬ ▬ ▬▬ ▬ ▬▬▬ ▬▬▬▬▬ ▬ ▬▬ ▬▬▬ ▬▬ ▬▬▬ ▬ ▬▬▬▬ ▬▬ ▬ ▬▬▬▬▬ ▬ ▬▬ ▬▬▬ ▬▬ ▬▬▬ ▬ ▬▬▬▬ ▬▬ ▬ ▬▬▬ ▬ ▬▬ ▬▬▬ ▬▬ ▬▬▬ ▬ ▬▬▬▬ ▬▬ ▬ ▬▬▬ ▬▬▬▬▬ ▬ ▬▬ ▬▬ ▬▬▬ ▬ ▬▬▬▬ ▬▬ ▬ ▬▬▬ ▬▬▬▬▬ ▬ ▬▬ ▬▬▬ ▬▬ ▬ ▬▬▬▬ ▬▬ ▬ ▬▬▬ ▬▬▬▬▬ ▬ ▬▬ ▬▬▬ ▬▬ ▬▬▬ ▬▬ ▬▬ ▬ ▬▬▬ ▬▬▬▬▬ ▬ ▬▬ ▬▬▬ ▬▬ ▬▬▬ ▬ ▬▬▬▬ ▬▬▬ ▬▬▬▬▬ ▬ ▬▬ ▬▬▬ ▬▬ ▬▬▬ ▬ ▬▬▬▬ ▬▬ ▬ ▬ ▬▬▬ ▬ ▬▬ ▬▬▬ ▬▬ ▬▬▬ ▬ ▬▬▬▬ ▬▬ ▬ ▬▬▬ ▬▬▬▬ ▬ ▬▬▬ ▬▬ ▬▬▬ ▬ ▬▬▬▬ ▬▬ ▬ ▬▬▬ ▬▬▬▬▬ ▬ ▬▬ ▬ ▬▬▬ ▬ ▬▬▬▬ ▬▬ ▬ ▬▬▬ ▬▬▬▬▬ ▬ ▬▬ ▬▬▬ ▬▬ ▬▬▬▬ ▬▬ ▬ ▬▬▬ ▬▬▬▬▬ ▬ ▬▬ ▬▬▬ ▬▬ ▬▬▬ ▬ ▬ ▬ ▬ ▬▬▬ ▬▬▬▬▬ ▬ ▬▬ ▬▬▬ ▬▬ ▬▬▬ ▬ ▬▬▬▬ ▬▬ ▬▬▬▬▬ ▬ ▬▬ ▬▬▬ ▬▬ ▬▬▬ ▬ ▬▬▬▬ ▬▬ ▬ ▬▬▬ ▬ ▬ ▬▬ ▬▬▬ ▬▬ ▬▬▬ ▬ ▬▬▬▬ ▬▬ ▬ ▬▬▬ ▬▬▬▬▬ ▬ ▬ ▬▬ ▬▬▬ ▬ ▬▬▬▬ ▬▬ ▬ ▬▬▬ ▬▬▬▬▬ ▬ ▬▬ ▬▬▬ ▬ ▬ ▬▬▬▬ ▬▬ ▬ ▬▬▬ ▬▬▬▬▬ ▬ ▬▬ ▬▬▬ ▬▬ ▬▬▬ ▬ ▬▬ ▬ ▬▬▬ ▬▬▬▬▬ ▬ ▬▬ ▬▬▬ ▬▬ ▬▬▬ ▬ ▬▬▬▬ ▬▬▬ ▬▬▬▬▬ ▬ ▬▬ ▬▬▬ ▬▬ ▬▬▬ ▬ ▬▬▬▬ ▬▬ ▬ ▬▬ ▬▬ ▬ ▬▬ ▬▬▬ ▬▬ ▬▬▬ ▬ ▬▬▬▬ ▬▬ ▬ ▬▬▬ ▬▬▬▬▬ ▬▬▬ ▬▬ ▬▬▬ ▬ ▬▬▬▬ ▬▬ ▬ ▬▬▬ ▬▬▬▬▬ ▬ ▬▬ ▬ ▬▬▬ ▬ ▬▬▬▬ ▬▬ ▬ ▬▬▬ ▬▬▬▬▬ ▬ ▬▬ ▬▬▬ ▬▬ ▬ ▬▬▬▬ ▬▬ ▬ ▬▬▬ ▬▬▬▬▬ ▬ ▬▬ ▬▬▬ ▬▬ ▬▬▬ ▬ ▬▬ ▬ ▬▬▬ ▬▬▬▬▬ ▬ ▬▬ ▬▬▬ ▬▬ ▬▬▬ ▬ ▬▬▬▬ ▬▬ ▬ ▬▬▬▬▬ ▬ ▬▬ ▬▬▬ ▬▬ ▬▬▬ ▬ ▬▬▬▬ ▬▬ ▬ ▬▬▬ ▬▬ ▬▬ ▬▬▬ ▬▬ ▬▬▬ ▬ ▬▬▬▬ ▬▬ ▬ ▬▬▬ ▬▬▬▬▬ ▬ ▬ ▬▬ ▬▬▬ ▬ ▬▬▬▬ ▬▬ ▬ ▬▬▬ ▬▬▬▬▬ ▬ ▬▬ ▬▬▬ ▬ ▬ ▬▬▬▬ ▬▬ ▬ ▬▬▬ ▬▬▬▬▬ ▬ ▬▬ ▬▬▬ ▬▬ ▬▬▬ ▬ ▬▬ ▬ ▬▬▬ ▬▬▬▬▬ ▬ ▬▬ ▬▬▬ ▬▬ ▬▬▬ ▬ ▬▬▬▬ ▬ ▬▬ ▬▬▬▬▬ ▬ ▬▬ ▬▬▬ ▬▬ ▬▬▬ ▬ ▬▬▬▬ ▬▬ ▬ ▬▬▬ ▬ ▬ ▬▬ ▬▬▬ ▬▬ ▬▬▬ ▬ ▬▬▬▬ ▬▬ ▬ ▬▬▬ ▬▬▬▬▬ ▬▬▬ ▬▬ ▬▬▬ ▬ ▬▬▬▬ ▬▬ ▬ ▬▬▬ ▬▬▬▬▬ ▬ ▬▬ ▬▬ ▬▬▬ ▬ ▬▬▬▬ ▬▬ ▬ ▬▬▬ ▬▬▬▬▬ ▬ ▬▬ ▬▬▬ ▬▬ ▬▬ ▬▬▬ ▬▬ ▬ ▬▬▬ ▬▬▬▬▬ ▬ ▬▬ ▬▬▬ ▬▬ ▬▬▬ ▬ ▬▬▬ ▬ ▬▬▬ ▬▬▬▬▬ ▬ ▬▬ ▬▬▬ ▬▬ ▬▬▬ ▬ ▬▬▬▬ ▬▬ ▬ ▬▬▬▬ ▬ ▬▬ ▬▬▬ ▬▬ ▬▬▬ ▬ ▬▬▬▬ ▬▬ ▬ ▬▬▬ ▬▬▬ ▬▬ ▬▬▬ ▬▬ ▬▬▬ ▬ ▬▬▬▬ ▬▬ ▬ ▬▬▬ ▬▬▬▬▬ ▬ ▬▬ ▬▬ ▬▬▬ ▬ ▬▬▬▬ ▬▬ ▬ ▬▬▬ ▬▬▬▬▬ ▬ ▬▬ ▬▬▬ ▬▬ ▬ ▬▬▬▬ ▬▬ ▬ ▬▬▬ ▬▬▬▬▬ ▬ ▬▬ ▬▬▬ ▬▬ ▬▬▬ ▬ ▬▬ ▬ ▬▬▬ ▬▬▬▬▬ ▬ ▬▬ ▬▬▬ ▬▬ ▬▬▬ ▬ ▬▬▬▬ ▬▬ ▬ ▬▬▬▬▬ ▬ ▬▬ ▬▬▬ ▬▬ ▬▬▬ ▬ ▬▬▬▬ ▬▬ ▬ ▬▬▬ ▬ ▬▬ ▬▬▬ ▬▬ ▬▬▬ ▬ ▬▬▬▬ ▬▬ ▬ ▬▬▬ ▬▬▬▬▬ ▬ ▬▬ ▬▬ ▬▬▬ ▬ ▬▬▬▬ ▬▬ ▬ ▬▬▬ ▬▬▬▬▬ ▬ ▬▬ ▬▬▬ ▬▬ ▬ ▬▬▬▬ ▬▬ ▬ ▬▬▬ ▬▬▬▬▬ ▬ ▬▬ ▬▬▬ ▬▬ ▬▬▬ ▬▬ ▬▬ ▬ ▬▬▬ ▬▬▬▬▬ ▬ ▬▬ ▬▬▬ ▬▬ ▬▬▬ ▬ ▬▬▬▬ ▬▬▬ ▬▬▬▬▬ ▬ ▬▬ ▬▬▬ ▬▬ ▬▬▬ ▬ ▬▬▬▬ ▬▬ ▬ ▬ ▬▬▬ ▬ ▬▬ ▬▬▬ ▬▬ ▬▬▬ ▬ ▬▬▬▬ ▬▬ ▬ ▬▬▬ ▬▬▬▬ ▬ ▬▬▬ ▬▬ ▬▬▬ ▬ ▬▬▬▬ ▬▬ ▬ ▬▬▬ ▬▬▬▬▬ ▬ ▬▬ ▬ ▬▬▬ ▬ ▬▬▬▬ ▬▬ ▬ ▬▬▬ ▬▬▬▬▬ ▬ ▬▬ ▬▬▬ ▬▬ ▬▬▬▬ ▬▬ ▬ ▬▬▬ ▬▬▬▬▬ ▬ ▬▬ ▬▬▬ ▬▬ ▬▬▬ ▬ ▬ ▬ ▬ ▬▬▬ ▬▬▬▬▬ ▬ ▬▬ ▬▬▬ ▬▬ ▬▬▬ ▬ ▬▬▬▬ ▬▬ ▬▬▬▬▬ ▬ ▬▬ ▬▬▬ ▬▬ ▬▬▬ ▬ ▬▬▬▬ ▬▬ ▬ ▬▬▬ ▬ ▬ ▬▬ ▬▬▬ ▬▬ ▬▬▬ ▬ ▬▬▬▬ ▬▬ ▬ ▬▬▬ ▬▬▬▬▬ ▬ ▬ ▬▬ ▬▬▬ ▬ ▬▬▬▬ ▬▬ ▬ ▬▬▬ ▬▬▬▬▬ ▬ ▬▬ ▬▬▬ ▬ ▬ ▬▬▬▬ ▬▬ ▬ ▬▬▬ ▬▬▬▬▬ ▬ ▬▬ ▬▬▬ ▬▬ ▬▬▬ ▬ ▬▬ ▬ ▬▬▬ ▬▬▬▬▬ ▬ ▬▬ ▬▬▬ ▬▬ ▬▬▬ ▬ ▬▬▬▬ ▬▬▬ ▬▬▬▬▬ ▬ ▬▬ ▬▬▬ ▬▬ ▬▬▬ ▬ ▬▬▬▬ ▬▬ ▬ ▬▬ ▬▬ ▬ ▬▬ ▬▬▬ ▬▬ ▬▬▬ ▬ ▬▬▬▬ ▬▬ ▬ ▬▬▬ ▬▬▬▬▬ ▬▬▬ ▬▬ ▬▬▬ ▬ ▬▬▬▬ ▬▬ ▬ ▬▬▬ ▬▬▬▬▬ ▬ ▬▬ ▬ ▬▬▬ ▬ ▬▬▬▬ ▬▬ ▬ ▬▬▬ ▬▬▬▬▬ ▬ ▬▬ ▬▬▬ ▬▬ ▬ ▬▬▬▬ ▬▬ ▬ ▬▬▬ ▬▬▬▬▬ ▬ ▬▬ ▬▬▬ ▬▬ ▬▬▬ ▬ ▬▬ ▬ ▬▬▬ ▬▬▬▬▬ ▬ ▬▬ ▬▬▬ ▬▬ ▬▬▬ ▬ ▬▬▬▬ ▬▬ ▬ ▬▬▬▬▬ ▬ ▬▬ ▬▬▬ ▬▬ ▬▬▬ ▬ ▬▬▬▬ ▬▬ ▬ ▬▬▬ ▬▬ ▬▬ ▬▬▬ ▬▬ ▬▬▬ ▬ ▬▬▬▬ ▬▬ ▬ ▬▬▬ ▬▬▬▬▬ ▬ ▬ ▬▬ ▬▬▬ ▬ ▬▬▬▬ ▬▬ ▬ ▬▬▬ ▬▬▬▬▬ ▬ ▬▬ ▬▬▬ ▬ ▬ ▬▬▬▬ ▬▬ ▬ ▬▬▬ ▬▬▬▬▬ ▬ ▬▬ ▬▬▬ ▬▬ ▬▬▬ ▬ ▬▬ ▬ ▬▬▬ ▬▬▬▬▬ ▬ ▬▬ ▬▬▬ ▬▬ ▬▬▬ ▬ ▬▬▬▬ ▬ ▬▬ ▬▬▬▬▬ ▬ ▬▬ ▬▬▬ ▬▬ ▬▬▬ ▬ ▬▬▬▬ ▬▬ ▬ ▬▬▬ ▬ ▬ ▬▬ ▬▬▬ ▬▬ ▬▬▬ ▬ ▬▬▬▬ ▬▬ ▬ ▬▬▬ ▬▬▬▬▬
▬▬ ▬▬▬ ▬ ▬▬▬▬ ▬▬ ▬ ▬▬▬ ▬▬▬▬▬ ▬ ▬▬ ▬▬▬ ▬▬ ▬ ▬▬▬▬ ▬▬ ▬ ▬▬▬ ▬▬▬▬▬ ▬ ▬▬ ▬▬▬ ▬▬ ▬▬▬ ▬ ▬▬ ▬ ▬▬▬ ▬▬▬▬▬ ▬ ▬▬ ▬▬▬ ▬▬ ▬▬▬ ▬ ▬▬▬▬ ▬▬ ▬ ▬▬▬▬▬ ▬ ▬▬ ▬▬▬ ▬▬ ▬▬▬ ▬ ▬▬▬▬ ▬▬ ▬ ▬▬▬ ▬ ▬▬ ▬▬▬ ▬▬ ▬▬▬ ▬ ▬▬▬▬ ▬▬ ▬ ▬▬▬ ▬▬▬▬▬ ▬ ▬▬ ▬▬ ▬▬▬ ▬ ▬▬▬▬ ▬▬ ▬ ▬▬▬ ▬▬▬▬▬ ▬ ▬▬ ▬▬▬ ▬▬ ▬ ▬▬▬▬ ▬▬ ▬ ▬▬▬ ▬▬▬▬▬ ▬ ▬▬ ▬▬▬ ▬▬ ▬▬▬ ▬▬ ▬▬ ▬ ▬▬▬ ▬▬▬▬▬ ▬ ▬▬ ▬▬▬ ▬▬ ▬▬▬ ▬ ▬▬▬▬ ▬▬▬ ▬▬▬▬▬ ▬ ▬▬ ▬▬▬ ▬▬ ▬▬▬ ▬ ▬▬▬▬ ▬▬ ▬ ▬ ▬▬▬ ▬ ▬▬ ▬▬▬ ▬▬ ▬▬▬ ▬ ▬▬▬▬ ▬▬ ▬ ▬▬▬ ▬▬▬▬ ▬ ▬▬▬ ▬▬ ▬▬▬ ▬ ▬▬▬▬ ▬▬ ▬ ▬▬▬ ▬▬▬▬▬ ▬ ▬▬ ▬ ▬▬▬ ▬ ▬▬▬▬ ▬▬ ▬ ▬▬▬ ▬▬▬▬▬ ▬ ▬▬ ▬▬▬ ▬▬ ▬▬▬▬ ▬▬ ▬ ▬▬▬ ▬▬▬▬▬ ▬ ▬▬ ▬▬▬ ▬▬ ▬▬▬ ▬ ▬ ▬ ▬ ▬▬▬ ▬▬▬▬▬ ▬ ▬▬ ▬▬▬ ▬▬ ▬▬▬ ▬ ▬▬▬▬ ▬▬ ▬▬▬▬▬ ▬ ▬▬ ▬▬▬ ▬▬ ▬▬▬ ▬ ▬▬▬▬ ▬▬ ▬ ▬▬▬ ▬ ▬ ▬▬ ▬▬▬ ▬▬ ▬▬▬ ▬ ▬▬▬▬ ▬▬ ▬ ▬▬▬ ▬▬▬▬▬ ▬ ▬ ▬▬ ▬▬▬ ▬ ▬▬▬▬ ▬▬ ▬ ▬▬▬ ▬▬▬▬▬ ▬ ▬▬ ▬▬▬ ▬ ▬ ▬▬▬▬ ▬▬ ▬ ▬▬▬ ▬▬▬▬▬ ▬ ▬▬ ▬▬▬ ▬▬ ▬▬▬ ▬ ▬▬ ▬ ▬▬▬ ▬▬▬▬▬ ▬ ▬▬ ▬▬▬ ▬▬ ▬▬▬ ▬ ▬▬▬▬ ▬▬▬ ▬▬▬▬▬ ▬ ▬▬ ▬▬▬ ▬▬ ▬▬▬ ▬ ▬▬▬▬ ▬▬ ▬ ▬▬ ▬▬ ▬ ▬▬ ▬▬▬ ▬▬ ▬▬▬ ▬ ▬▬▬▬ ▬▬ ▬ ▬▬▬ ▬▬▬▬▬ ▬▬▬ ▬▬ ▬▬▬ ▬ ▬▬▬▬ ▬▬ ▬ ▬▬▬ ▬▬▬▬▬ ▬ ▬▬ ▬ ▬▬▬ ▬ ▬▬▬▬ ▬▬ ▬ ▬▬▬ ▬▬▬▬▬ ▬ ▬▬ ▬▬▬ ▬▬ ▬ ▬▬▬▬ ▬▬ ▬ ▬▬▬ ▬▬▬▬▬ ▬ ▬▬ ▬▬▬ ▬▬ ▬▬▬ ▬ ▬▬ ▬ ▬▬▬ ▬▬▬▬▬ ▬ ▬▬ ▬▬▬ ▬▬ ▬▬▬ ▬ ▬▬▬▬ ▬▬ ▬ ▬▬▬▬▬ ▬ ▬▬ ▬▬▬ ▬▬ ▬▬▬ ▬ ▬▬▬▬ ▬▬ ▬ ▬▬▬ ▬▬ ▬▬ ▬▬▬ ▬▬ ▬▬▬ ▬ ▬▬▬▬ ▬▬ ▬ ▬▬▬ ▬▬▬▬▬ ▬ ▬ ▬▬ ▬▬▬ ▬ ▬▬▬▬ ▬▬ ▬ ▬▬▬ ▬▬▬▬▬ ▬ ▬▬ ▬▬▬ ▬ ▬ ▬▬▬▬ ▬▬ ▬ ▬▬▬ ▬▬▬▬▬ ▬ ▬▬ ▬▬▬ ▬▬ ▬▬▬ ▬ ▬▬ ▬ ▬▬▬ ▬▬▬▬▬ ▬ ▬▬ ▬▬▬ ▬▬ ▬▬▬ ▬ ▬▬▬▬ ▬ ▬▬ ▬▬▬▬▬ ▬ ▬▬ ▬▬▬ ▬▬ ▬▬▬ ▬ ▬▬▬▬ ▬▬ ▬ ▬▬▬ ▬ ▬ ▬▬ ▬▬▬ ▬▬ ▬▬▬ ▬ ▬▬▬▬ ▬▬ ▬ ▬▬▬ ▬▬▬▬▬ ▬▬▬ ▬▬ ▬▬▬ ▬ ▬▬▬▬ ▬▬ ▬ ▬▬▬ ▬▬▬▬▬ ▬ ▬▬ ▬▬ ▬▬▬ ▬ ▬▬▬▬ ▬▬ ▬ ▬▬▬ ▬▬▬▬▬ ▬ ▬▬ ▬▬▬ ▬▬ ▬▬ ▬▬▬ ▬▬ ▬ ▬▬▬ ▬▬▬▬▬ ▬ ▬▬ ▬▬▬ ▬▬ ▬▬▬ ▬ ▬▬▬ ▬ ▬▬▬ ▬▬▬▬▬ ▬ ▬▬ ▬▬▬ ▬▬ ▬▬▬ ▬ ▬▬▬▬ ▬▬ ▬ ▬▬▬▬ ▬ ▬▬ ▬▬▬ ▬▬ ▬▬▬ ▬ ▬▬▬▬ ▬▬ ▬ ▬▬▬ ▬▬▬ ▬▬ ▬▬▬ ▬▬ ▬▬▬ ▬ ▬▬▬▬ ▬▬ ▬ ▬▬▬ ▬▬▬▬▬ ▬ ▬▬ ▬▬ ▬▬▬ ▬ ▬▬▬▬ ▬▬ ▬ ▬▬▬ ▬▬▬▬▬ ▬ ▬▬ ▬▬▬ ▬▬ ▬ ▬▬▬▬ ▬▬ ▬ ▬▬▬ ▬▬▬▬▬ ▬ ▬▬ ▬▬▬ ▬▬ ▬▬▬ ▬ ▬▬ ▬ ▬▬▬ ▬▬▬▬▬ ▬ ▬▬ ▬▬▬ ▬▬ ▬▬▬ ▬ ▬▬▬▬ ▬▬ ▬ ▬▬▬▬▬ ▬ ▬▬ ▬▬▬ ▬▬ ▬▬▬ ▬ ▬▬▬▬ ▬▬ ▬ ▬▬▬ ▬ ▬▬ ▬▬▬ ▬▬ ▬▬▬ ▬ ▬▬▬▬ ▬▬ ▬ ▬▬▬ ▬▬▬▬▬ ▬ ▬▬ ▬▬ ▬▬▬ ▬ ▬▬▬▬ ▬▬ ▬ ▬▬▬ ▬▬▬▬▬ ▬ ▬▬ ▬▬▬ ▬▬ ▬ ▬▬▬▬ ▬▬ ▬ ▬▬▬ ▬▬▬▬▬ ▬ ▬▬ ▬▬▬ ▬▬ ▬▬▬ ▬▬ ▬▬ ▬ ▬▬▬ ▬▬▬▬▬ ▬ ▬▬ ▬▬▬ ▬▬ ▬▬▬ ▬ ▬▬▬▬ ▬▬▬ ▬▬▬▬▬ ▬ ▬▬ ▬▬▬ ▬▬ ▬▬▬ ▬ ▬▬▬▬ ▬▬ ▬ ▬ ▬▬▬ ▬ ▬▬ ▬▬▬ ▬▬ ▬▬▬ ▬ ▬▬▬▬ ▬▬ ▬ ▬▬▬ ▬▬▬▬ ▬ ▬▬▬ ▬▬ ▬▬▬ ▬ ▬▬▬▬ ▬▬ ▬ ▬▬▬ ▬▬▬▬▬ ▬ ▬▬ ▬ ▬▬▬ ▬ ▬▬▬▬ ▬▬ ▬ ▬▬▬ ▬▬▬▬▬ ▬ ▬▬ ▬▬▬ ▬▬ ▬▬▬▬ ▬▬ ▬ ▬▬▬ ▬▬▬▬▬ ▬ ▬▬ ▬▬▬ ▬▬ ▬▬▬ ▬ ▬ ▬ ▬ ▬▬▬ ▬▬▬▬▬ ▬ ▬▬ ▬▬▬ ▬▬ ▬▬▬ ▬ ▬▬▬▬ ▬▬ ▬▬▬▬▬ ▬ ▬▬ ▬▬▬ ▬▬ ▬▬▬ ▬ ▬▬▬▬ ▬▬ ▬ ▬▬▬ ▬ ▬ ▬▬ ▬▬▬ ▬▬ ▬▬▬ ▬ ▬▬▬▬ ▬▬ ▬ ▬▬▬ ▬▬▬▬▬ ▬
Drahtmeldungen.
▬▬ ▬▬▬ ▬ ▬▬▬▬ ▬▬ ▬ ▬▬▬ ▬▬▬▬▬ ▬ ▬▬ ▬▬▬ ▬▬ ▬ ▬▬▬▬ ▬▬ ▬ ▬▬▬ ▬▬▬▬▬ ▬ ▬▬ ▬▬▬ ▬▬ ▬▬▬ ▬ ▬▬ ▬ ▬▬▬ ▬▬▬▬▬ ▬ ▬▬ ▬▬▬ ▬▬ ▬▬▬ ▬ ▬▬▬▬ ▬▬ ▬ ▬▬▬▬▬ ▬ ▬▬ ▬▬▬ ▬▬ ▬▬▬ ▬ ▬▬▬▬ ▬▬ ▬ ▬▬▬ ▬ ▬▬ ▬▬▬ ▬▬ ▬▬▬ ▬ ▬▬▬▬ ▬▬ ▬ ▬▬▬ ▬▬▬▬▬ ▬ ▬▬ ▬▬ ▬▬▬ ▬ ▬▬▬▬ ▬▬ ▬ ▬▬▬ ▬▬▬▬▬ ▬ ▬▬ ▬▬▬ ▬▬ ▬ ▬▬▬▬ ▬▬ ▬ ▬▬▬ ▬▬▬▬▬ ▬ ▬▬ ▬▬▬ ▬▬ ▬▬▬ ▬▬ ▬▬ ▬ ▬▬▬ ▬▬▬▬▬ ▬ ▬▬ ▬▬▬ ▬▬ ▬▬▬ ▬ ▬▬▬▬ ▬▬▬ ▬▬▬▬▬ ▬ ▬▬ ▬▬▬ ▬▬ ▬▬▬ ▬ ▬▬▬▬ ▬▬ ▬ ▬ ▬▬▬ ▬ ▬▬ ▬▬▬ ▬▬ ▬▬▬ ▬ ▬▬▬▬ ▬▬ ▬ ▬▬▬ ▬▬▬▬ ▬ ▬▬▬ ▬▬ ▬▬▬ ▬ ▬▬▬▬ ▬▬ ▬ ▬▬▬ ▬▬▬▬▬ ▬ ▬▬ ▬ ▬▬▬ ▬ ▬▬▬▬ ▬▬ ▬ ▬▬▬ ▬▬▬▬▬ ▬ ▬▬ ▬▬▬ ▬▬ ▬▬▬▬ ▬▬ ▬ ▬▬▬ ▬▬▬▬▬ ▬ ▬▬ ▬▬▬ ▬▬ ▬▬▬ ▬ ▬ ▬ ▬ ▬▬▬ ▬▬▬▬▬ ▬ ▬▬ ▬▬▬ ▬▬ ▬▬▬ ▬ ▬▬▬▬ ▬▬ ▬▬▬▬▬ ▬ ▬▬ ▬▬▬ ▬▬ ▬▬▬ ▬ ▬▬▬▬ ▬▬ ▬ ▬▬▬ ▬ ▬ ▬▬ ▬▬▬ ▬▬ ▬▬▬ ▬ ▬▬▬▬ ▬▬ ▬ ▬▬▬ ▬▬▬▬▬ ▬ ▬ ▬▬ ▬▬▬ ▬ ▬▬▬▬ ▬▬ ▬ ▬▬▬ ▬▬▬▬▬ ▬ ▬▬ ▬▬▬ ▬ ▬ ▬▬▬▬ ▬▬ ▬ ▬▬▬ ▬▬▬▬▬ ▬ ▬▬ ▬▬▬ ▬▬ ▬▬▬ ▬ ▬▬ ▬ ▬▬▬ ▬▬▬▬▬ ▬ ▬▬ ▬▬▬ ▬▬ ▬▬▬ ▬ ▬▬▬▬ ▬▬▬ ▬▬▬▬▬ ▬ ▬▬ ▬▬▬ ▬▬ ▬▬▬ ▬ ▬▬▬▬ ▬▬ ▬ ▬▬ ▬▬ ▬ ▬▬ ▬▬▬ ▬▬ ▬▬▬ ▬ ▬▬▬▬ ▬▬ ▬ ▬▬▬ ▬▬▬▬▬ ▬▬▬ ▬▬ ▬▬▬ ▬ ▬▬▬▬ ▬▬ ▬ ▬▬▬ ▬▬▬▬▬ ▬ ▬▬ ▬ ▬▬▬ ▬ ▬▬▬▬ ▬▬ ▬ ▬▬▬ ▬▬▬▬▬ ▬ ▬▬ ▬▬▬ ▬▬ ▬ ▬▬▬▬ ▬▬ ▬ ▬▬▬ ▬▬▬▬▬ ▬ ▬▬ ▬▬▬ ▬▬ ▬▬▬ ▬ ▬▬ ▬ ▬▬▬ ▬▬▬▬▬ ▬ ▬▬ ▬▬▬ ▬▬ ▬▬▬ ▬ ▬▬▬▬ ▬▬ ▬ ▬▬▬▬▬ ▬ ▬▬ ▬▬▬ ▬▬ ▬▬▬ ▬ ▬▬▬▬ ▬▬ ▬ ▬▬▬ ▬▬ ▬▬ ▬▬▬ ▬▬ ▬▬▬ ▬ ▬▬▬▬ ▬▬ ▬ ▬▬▬ ▬▬▬▬▬ ▬ ▬ ▬▬ ▬▬▬ ▬ ▬▬▬▬ ▬▬ ▬ ▬▬▬ ▬▬▬▬▬ ▬ ▬▬ ▬▬▬ ▬ ▬ ▬▬▬▬ ▬▬ ▬ ▬▬▬ ▬▬▬▬▬ ▬ ▬▬ ▬▬▬ ▬▬ ▬▬▬ ▬ ▬▬ ▬ ▬▬▬ ▬▬▬▬▬ ▬ ▬▬ ▬▬▬ ▬▬ ▬▬▬ ▬ ▬▬▬▬ ▬ ▬▬ ▬▬▬▬▬ ▬ ▬▬ ▬▬▬ ▬▬ ▬▬▬ ▬ ▬▬▬▬ ▬▬ ▬ ▬▬▬ ▬ ▬ ▬▬ ▬▬▬ ▬▬ ▬▬▬ ▬ ▬▬▬▬ ▬▬ ▬ ▬▬▬ ▬▬▬▬▬ ▬▬▬ ▬▬ ▬▬▬ ▬ ▬▬▬▬ ▬▬ ▬ ▬▬▬ ▬▬▬▬▬ ▬ ▬▬ ▬▬ ▬▬▬ ▬ ▬▬▬▬ ▬▬ ▬ ▬▬▬ ▬▬▬▬▬ ▬ ▬▬ ▬▬▬ ▬▬ ▬▬ ▬▬▬ ▬▬ ▬ ▬▬▬ ▬▬▬▬▬ ▬ ▬▬ ▬▬▬ ▬▬ ▬▬▬ ▬ ▬▬▬ ▬ ▬▬▬ ▬▬▬▬▬ ▬ ▬▬ ▬▬▬ ▬▬ ▬▬▬ ▬ ▬▬▬▬ ▬▬ ▬ ▬▬▬▬ ▬ ▬▬ ▬▬▬ ▬▬ ▬▬▬ ▬ ▬▬▬▬ ▬▬ ▬ ▬▬▬ ▬▬▬ ▬▬ ▬▬▬ ▬▬ ▬▬▬ ▬ ▬▬▬▬ ▬▬ ▬ ▬▬▬ ▬▬▬▬▬ ▬ ▬▬ ▬▬ ▬▬▬ ▬ ▬▬▬▬ ▬▬ ▬ ▬▬▬ ▬▬▬▬▬ ▬ ▬▬ ▬▬▬ ▬▬ ▬ ▬▬▬▬ ▬▬ ▬ ▬▬▬ ▬▬▬▬▬ ▬ ▬▬ ▬▬▬ ▬▬ ▬▬▬ ▬ ▬▬ ▬ ▬▬▬ ▬▬▬▬▬ ▬ ▬▬ ▬▬▬ ▬▬ ▬▬▬ ▬ ▬▬▬▬ ▬▬ ▬ ▬▬▬▬▬ ▬ ▬▬ ▬▬▬ ▬▬ ▬▬▬ ▬ ▬▬▬▬ ▬▬ ▬ ▬▬▬ ▬ ▬▬ ▬▬▬ ▬▬ ▬▬▬ ▬ ▬▬▬▬ ▬▬ ▬ ▬▬▬ ▬▬▬▬▬ ▬ ▬▬ ▬▬ ▬▬▬ ▬ ▬▬▬▬ ▬▬ ▬ ▬▬▬ ▬▬▬▬▬ ▬ ▬▬ ▬▬▬ ▬▬ ▬ ▬▬▬▬ ▬▬ ▬ ▬▬▬ ▬▬▬▬▬ ▬ ▬▬ ▬▬▬ ▬▬ ▬▬▬ ▬▬ ▬▬ ▬ ▬▬▬ ▬▬▬▬▬ ▬ ▬▬ ▬▬▬ ▬▬ ▬▬▬ ▬ ▬▬▬▬ ▬▬▬ ▬▬▬▬▬ ▬ ▬▬ ▬▬▬ ▬▬ ▬▬▬ ▬ ▬▬▬▬ ▬▬ ▬ ▬ ▬▬▬ ▬ ▬▬ ▬▬▬ ▬▬ ▬▬▬ ▬ ▬▬▬▬ ▬▬ ▬ ▬▬▬ ▬▬▬▬ ▬ ▬▬▬ ▬▬ ▬▬▬ ▬ ▬▬▬▬ ▬▬ ▬ ▬▬▬ ▬▬▬▬▬ ▬ ▬▬ ▬ ▬▬▬ ▬ ▬▬▬▬ ▬▬ ▬ ▬▬▬ ▬▬▬▬▬ ▬ ▬▬ ▬▬▬ ▬▬ ▬▬▬▬ ▬▬ ▬ ▬▬▬ ▬▬▬▬▬ ▬ ▬▬ ▬▬▬ ▬▬ ▬▬▬ ▬ ▬ ▬ ▬ ▬▬▬ ▬▬▬▬▬ ▬ ▬▬ ▬▬▬ ▬▬ ▬▬▬ ▬ ▬▬▬▬ ▬▬ ▬▬▬▬▬ ▬ ▬▬ ▬▬▬ ▬▬ ▬▬▬ ▬ ▬▬▬▬ ▬▬ ▬ ▬▬▬ ▬ ▬ ▬▬ ▬▬▬ ▬▬ ▬▬▬ ▬ ▬▬▬▬ ▬▬ ▬ ▬▬▬ ▬▬▬▬▬ ▬ ▬ ▬▬ ▬▬▬ ▬ ▬▬▬▬ ▬▬ ▬ ▬▬▬ ▬▬▬▬▬ ▬ ▬▬ ▬▬▬ ▬ ▬ ▬▬▬▬ ▬▬ ▬ ▬▬▬ ▬▬▬▬▬ ▬ ▬▬ ▬▬▬ ▬▬ ▬▬▬ ▬ ▬▬ ▬ ▬▬▬ ▬▬▬▬▬ ▬ ▬▬ ▬▬▬ ▬▬ ▬▬▬ ▬ ▬▬▬▬ ▬▬▬ ▬▬▬▬▬ ▬ ▬▬ ▬▬▬ ▬▬ ▬▬▬ ▬ ▬▬▬▬ ▬▬ ▬ ▬▬ ▬▬ ▬ ▬▬ ▬▬▬ ▬▬ ▬▬▬ ▬ ▬▬▬▬ ▬▬ ▬ ▬▬▬ ▬▬▬▬▬ ▬▬▬ ▬▬ ▬▬▬ ▬ ▬▬▬▬ ▬▬ ▬ ▬▬▬ ▬▬▬▬▬ ▬ ▬▬ ▬ ▬▬▬ ▬ ▬▬▬▬ ▬▬ ▬ ▬▬▬ ▬▬▬▬▬ ▬ ▬▬ ▬▬▬ ▬▬ ▬ ▬▬▬▬ ▬▬ ▬ ▬▬▬ ▬▬▬▬▬ ▬ ▬▬ ▬▬▬ ▬▬ ▬▬▬ ▬ ▬▬ ▬ ▬▬▬ ▬▬▬▬▬ ▬ ▬▬ ▬▬▬ ▬▬ ▬▬▬ ▬ ▬▬▬▬ ▬▬ ▬ ▬▬▬▬▬ ▬ ▬▬ ▬▬▬ ▬▬ ▬▬▬ ▬ ▬▬▬▬ ▬▬ ▬ ▬▬▬ ▬▬ ▬▬ ▬▬▬ ▬▬ ▬▬▬ ▬ ▬▬▬▬ ▬▬ ▬ ▬▬▬ ▬▬▬▬▬ ▬ ▬ ▬▬ ▬▬▬ ▬ ▬▬▬▬ ▬▬ ▬ ▬▬▬ ▬▬▬▬▬ ▬ ▬▬ ▬▬▬ ▬ ▬ ▬▬▬▬ ▬▬ ▬ ▬▬▬ ▬▬▬▬▬ ▬ ▬▬ ▬▬▬ ▬▬ ▬▬▬ ▬ ▬▬ ▬ ▬▬▬ ▬▬▬▬▬ ▬ ▬▬ ▬▬▬ ▬▬ ▬▬▬ ▬ ▬▬▬▬ ▬ ▬▬ ▬▬▬▬▬ ▬ ▬▬ ▬▬▬ ▬▬ ▬▬▬ ▬ ▬▬▬▬ ▬▬ ▬ ▬▬▬ ▬ ▬ ▬▬ ▬▬▬ ▬▬ ▬▬▬ ▬ ▬▬▬▬ ▬▬ ▬ ▬▬▬ ▬▬▬▬▬ ▬▬▬ ▬▬ ▬▬▬ ▬ ▬▬▬▬ ▬▬ ▬ ▬▬▬ ▬▬▬▬▬ ▬ ▬▬ ▬▬ ▬▬▬ ▬ ▬▬▬▬ ▬▬ ▬ ▬▬▬ ▬▬▬▬▬ ▬ ▬▬ ▬▬▬ ▬▬ ▬▬ ▬▬▬ ▬▬ ▬ ▬▬▬ ▬▬▬▬▬ ▬ ▬▬ ▬▬▬ ▬▬ ▬▬▬ ▬ ▬▬▬ ▬ ▬▬▬ ▬▬▬▬▬ ▬ ▬▬ ▬▬▬ ▬▬ ▬▬▬ ▬ ▬▬▬▬ ▬▬ ▬ ▬▬▬▬ ▬ ▬▬ ▬▬▬ ▬▬ ▬▬▬ ▬ ▬▬▬▬ ▬▬ ▬ ▬▬▬ ▬▬▬ ▬▬ ▬▬▬ ▬▬ ▬▬▬ ▬ ▬▬▬▬ ▬▬ ▬ ▬▬▬ ▬▬▬▬▬ ▬ ▬▬ ▬▬ ▬▬▬ ▬ ▬▬▬▬ ▬▬ ▬ ▬▬▬ ▬▬▬▬▬ ▬ ▬▬ ▬▬▬ ▬▬ ▬ ▬▬▬▬ ▬▬ ▬ ▬▬▬ ▬▬▬▬▬ ▬ ▬▬ ▬▬▬ ▬▬ ▬▬▬ ▬ ▬▬ ▬ ▬▬▬ ▬▬▬▬▬ ▬ ▬▬ ▬▬▬ ▬▬ ▬▬▬ ▬ ▬▬▬▬ ▬▬ ▬ ▬▬▬▬▬ ▬ ▬▬ ▬▬▬ ▬▬ ▬▬▬ ▬ ▬▬▬▬ ▬▬ ▬ ▬▬▬ ▬ ▬▬ ▬▬▬ ▬▬ ▬▬▬ ▬ ▬▬▬▬ ▬▬ ▬ ▬▬▬ ▬▬▬▬▬ ▬ ▬▬ ▬▬ ▬▬▬ ▬ ▬▬▬▬ ▬▬ ▬ ▬▬▬ ▬▬▬▬▬ ▬ ▬▬ ▬▬▬ ▬▬ ▬ ▬▬▬▬ ▬▬ ▬ ▬▬▬ ▬▬▬▬▬ ▬ ▬▬ ▬▬▬ ▬▬ ▬▬▬ ▬▬ ▬▬ ▬ ▬▬▬ ▬▬▬▬▬ ▬ ▬▬ ▬▬▬ ▬▬ ▬▬▬ ▬ ▬▬▬▬ ▬▬▬ ▬▬▬▬▬ ▬ ▬▬ ▬▬▬ ▬▬ ▬▬▬ ▬ ▬▬▬▬ ▬▬ ▬ ▬ ▬▬▬ ▬ ▬▬ ▬▬▬ ▬▬ ▬▬▬ ▬ ▬▬▬▬ ▬▬ ▬ ▬▬▬ ▬▬▬▬ ▬ ▬▬▬ ▬▬ ▬▬▬ ▬ ▬▬▬▬ ▬▬ ▬ ▬▬▬ ▬▬▬▬▬ ▬ ▬▬ ▬ ▬▬▬ ▬ ▬▬▬▬ ▬▬ ▬ ▬▬▬ ▬▬▬▬▬ ▬ ▬▬ ▬▬▬ ▬▬ ▬▬▬▬ ▬▬ ▬ ▬▬▬ ▬▬▬▬▬ ▬ ▬▬ ▬▬▬ ▬▬ ▬▬▬ ▬ ▬ ▬ ▬ ▬▬▬ ▬▬▬▬▬ ▬ ▬▬ ▬▬▬ ▬▬ ▬▬▬ ▬ ▬▬▬▬ ▬▬ ▬▬▬▬▬ ▬ ▬▬ ▬▬▬ ▬▬ ▬▬▬ ▬ ▬▬▬▬ ▬▬ ▬ ▬▬▬ ▬ ▬ ▬▬ ▬▬▬ ▬▬ ▬▬▬ ▬ ▬▬▬▬ ▬▬ ▬ ▬▬▬ ▬▬▬▬▬ ▬ ▬ ▬▬ ▬▬▬ ▬ ▬▬▬▬ ▬▬ ▬ ▬▬▬ ▬▬▬▬▬ ▬ ▬▬ ▬▬▬ ▬ ▬ ▬▬▬▬ ▬▬ ▬ ▬▬▬ ▬▬▬▬▬ ▬ ▬▬ ▬▬▬ ▬▬ ▬▬▬ ▬ ▬▬ ▬ ▬▬▬ ▬▬▬▬▬ ▬ ▬▬ ▬▬▬ ▬▬ ▬▬▬ ▬ ▬▬▬▬ ▬▬▬ ▬▬▬▬▬ ▬ ▬▬ ▬▬▬ ▬▬ ▬▬▬ ▬ ▬▬▬▬ ▬▬ ▬ ▬▬
Waren- und Produkten-Berichte.
▬▬ ▬▬▬ ▬ ▬▬▬▬ ▬▬ ▬ ▬▬▬ ▬▬▬▬▬ ▬ ▬▬ ▬▬▬ ▬▬ ▬ ▬▬▬▬ ▬▬ ▬ ▬▬▬ ▬▬▬▬▬ ▬ ▬▬ ▬▬▬ ▬▬ ▬▬▬ ▬ ▬▬ ▬ ▬▬▬ ▬▬▬▬▬ ▬ ▬▬ ▬▬▬ ▬▬ ▬▬▬ ▬ ▬▬▬▬ ▬▬ ▬ ▬▬▬▬▬ ▬ ▬▬ ▬▬▬ ▬▬ ▬▬▬ ▬ ▬▬▬▬ ▬▬ ▬ ▬▬▬ ▬ ▬▬ ▬▬▬ ▬▬ ▬▬▬ ▬ ▬▬▬▬ ▬▬ ▬ ▬▬▬ ▬▬▬▬▬ ▬ ▬▬ ▬▬ ▬▬▬ ▬ ▬▬▬▬ ▬▬ ▬ ▬▬▬ ▬▬▬▬▬ ▬ ▬▬ ▬▬▬ ▬▬ ▬ ▬▬▬▬ ▬▬ ▬ ▬▬▬ ▬▬▬▬▬ ▬ ▬▬ ▬▬▬ ▬▬ ▬▬▬ ▬▬ ▬▬ ▬ ▬▬▬ ▬▬▬▬▬ ▬ ▬▬ ▬▬▬ ▬▬ ▬▬▬ ▬ ▬▬▬▬ ▬▬▬ ▬▬▬▬▬ ▬ ▬▬ ▬▬▬ ▬▬ ▬▬▬ ▬ ▬▬▬▬ ▬▬ ▬ ▬ ▬▬▬ ▬ ▬▬ ▬▬▬ ▬▬ ▬▬▬ ▬ ▬▬▬▬ ▬▬ ▬ ▬▬▬ ▬▬▬▬ ▬ ▬▬▬ ▬▬ ▬▬▬ ▬ ▬▬▬▬ ▬▬ ▬ ▬▬▬ ▬▬▬▬▬ ▬ ▬▬ ▬ ▬▬▬ ▬ ▬▬▬▬ ▬▬ ▬ ▬▬▬ ▬▬▬▬▬ ▬ ▬▬ ▬▬▬ ▬▬
